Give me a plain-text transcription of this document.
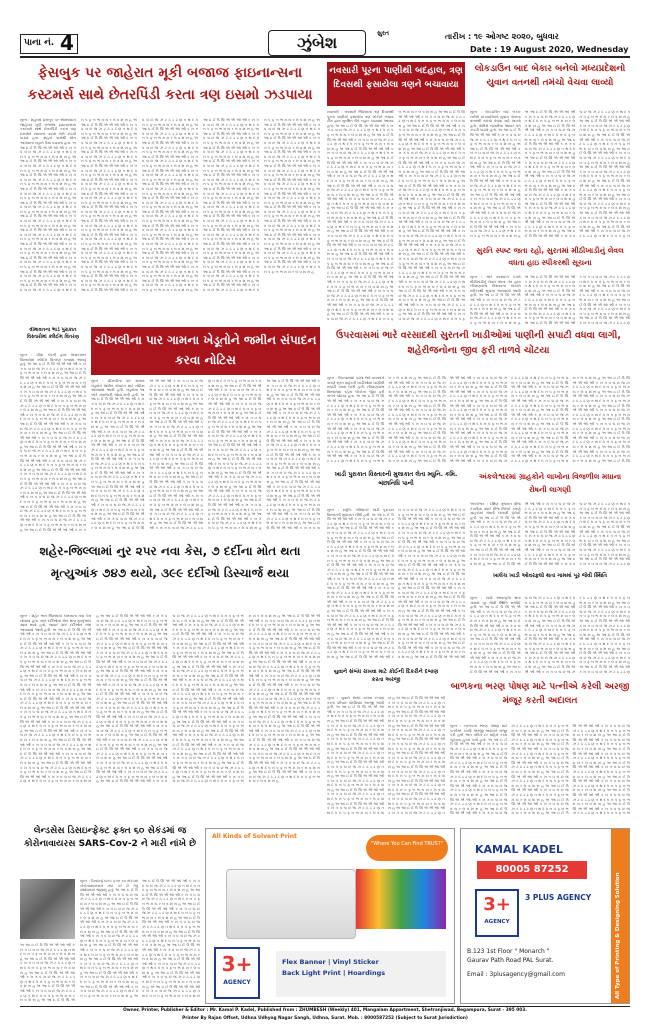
પાના નં. 4	ઝુંબેશ	સુરત	તારીખ : ૧૯ ઓગષ્ટ ૨૦૨૦, બુધવાર
Date : 19 August 2020, Wednesday
ફેસબુક પર જાહેરાત મૂકી બજાજ ફાઇનાન્સના કસ્ટમર્સ સાથે છેતરપિંડી કરતા ત્રણ ઇસમો ઝડપાયા
સુરત : શહેરમાં ફેસબુક પર ઓનલાઇન જાહેરાત મૂકી બજાજ ફાઇનાન્સના કસ્ટમર્સ સાથે છેતરપિંડી કરતા ત્રણ ઇસમોને સાયબર ક્રાઇમ સેલે ઝડપી પાડ્યા હતા. ગ્રાહકો પાસેથી લોન આપવાના બહાને પૈસા પડાવતા હતા. અ આ ઇ ઈ ઉ ઊ એ ઐ ઓ ઔ ક ખ ગ ઘ ચ છ જ ઝ ટ ઠ ડ ઢ ણ ત થ દ ધ ન પ ફ બ ભ મ ય ર લ વ શ સ હ અ આ ઇ ઈ ઉ ઊ એ ઐ ઓ ઔ ક ખ ગ ઘ ચ છ જ ઝ ટ ઠ ડ ઢ ણ ત થ દ ધ ન પ ફ બ ભ મ ય ર લ વ શ સ હ અ આ ઇ ઈ ઉ ઊ એ ઐ ઓ ઔ ક ખ ગ ઘ ચ છ જ ઝ ટ ઠ ડ ઢ ણ ત થ દ ધ ન પ ફ બ ભ મ ય ર લ વ શ સ હ અ આ ઇ ઈ ઉ ઊ એ ઐ ઓ ઔ ક ખ ગ ઘ ચ છ જ ઝ ટ ઠ ડ ઢ ણ ત થ દ ધ ન પ ફ બ ભ મ ય ર લ વ શ સ હ અ આ ઇ ઈ ઉ ઊ એ ઐ ઓ ઔ ક ખ ગ ઘ ચ છ જ ઝ ટ ઠ ડ ઢ ણ ત થ દ ધ ન પ ફ બ ભ મ ય ર લ વ શ સ હ અ આ ઇ ઈ ઉ ઊ એ ઐ ઓ ઔ ક ખ ગ ઘ ચ છ જ ઝ ટ ઠ ડ ઢ ણ ત થ દ ધ ન પ ફ બ ભ મ ય ર લ વ શ સ હ અ આ ઇ ઈ ઉ ઊ એ ઐ ઓ ઔ ક ખ ગ ઘ ચ છ જ ઝ ટ ઠ ડ ઢ ણ ત થ દ ધ ન પ ફ બ ભ મ ય ર લ વ શ સ હ અ આ ઇ ઈ ઉ ઊ એ ઐ ઓ ઔ ક ખ ગ ઘ ચ છ જ ઝ ટ ઠ ડ ઢ ણ ત થ દ ધ ન પ ફ બ ભ મ ય ર લ વ શ સ હ અ આ ઇ ઈ ઉ ઊ એ ઐ ઓ ઔ ક ખ ગ ઘ ચ છ જ ઝ ટ ઠ ડ ઢ ણ ત થ દ ધ ન પ ફ બ ભ મ ય ર લ વ શ સ હ અ આ ઇ ઈ ઉ ઊ એ ઐ ઓ ઔ ક ખ ગ ઘ ચ છ જ ઝ ટ ઠ ડ ઢ ણ ત થ દ ધ ન પ ફ બ ભ મ ય ર લ વ શ સ હ અ આ ઇ ઈ ઉ ઊ એ ઐ ઓ ઔ ક ખ ગ ઘ ચ છ જ ઝ ટ ઠ ડ ઢ ણ ત થ દ ધ ન પ ફ બ ભ મ ય ર લ વ શ સ હ અ આ ઇ ઈ ઉ ઊ એ ઐ ઓ ઔ ક ખ ગ ઘ ચ છ જ ઝ ટ ઠ ડ ઢ ણ ત થ દ ધ ન પ ફ બ ભ મ ય ર લ વ શ સ હ અ આ ઇ ઈ ઉ ઊ એ ઐ ઓ ઔ ક ખ ગ ઘ ચ છ જ ઝ ટ ઠ ડ ઢ ણ ત થ દ ધ ન પ ફ બ ભ મ ય ર લ વ શ સ હ અ આ ઇ ઈ ઉ ઊ એ ઐ ઓ ઔ ક ખ ગ ઘ ચ છ જ ઝ ટ ઠ ડ ઢ ણ ત થ દ ધ ન પ ફ બ ભ મ ય ર લ વ શ સ હ અ આ ઇ ઈ ઉ ઊ એ ઐ ઓ ઔ ક ખ ગ ઘ ચ છ જ ઝ ટ ઠ ડ ઢ ણ ત થ દ ધ ન પ ફ બ ભ મ ય ર લ વ શ સ હ અ આ ઇ ઈ ઉ ઊ એ ઐ ઓ ઔ ક ખ ગ ઘ ચ છ જ ઝ ટ ઠ ડ ઢ ણ ત થ દ ધ ન પ ફ બ ભ મ ય ર લ વ શ સ હ અ આ ઇ ઈ ઉ ઊ એ ઐ ઓ ઔ ક ખ ગ ઘ ચ છ જ ઝ ટ ઠ ડ ઢ ણ ત થ દ ધ ન પ ફ બ ભ મ ય ર લ વ શ સ હ અ આ ઇ ઈ ઉ ઊ એ ઐ ઓ ઔ ક ખ ગ ઘ ચ છ જ ઝ ટ ઠ ડ ઢ ણ ત થ દ ધ ન પ ફ બ ભ મ ય ર લ વ શ સ હ અ આ ઇ ઈ ઉ ઊ એ ઐ ઓ ઔ ક ખ ગ ઘ ચ છ જ ઝ ટ ઠ ડ ઢ ણ ત થ દ ધ ન પ ફ બ ભ મ ય ર લ વ શ સ હ અ આ ઇ ઈ ઉ ઊ એ ઐ ઓ ઔ ક ખ ગ ઘ ચ છ જ ઝ ટ ઠ ડ ઢ ણ ત થ દ ધ ન પ ફ બ ભ મ ય ર લ વ શ સ હ અ આ ઇ ઈ ઉ ઊ એ ઐ ઓ ઔ ક ખ ગ ઘ ચ છ જ ઝ ટ ઠ ડ ઢ ણ ત થ દ ધ ન પ ફ બ ભ મ ય ર લ વ શ સ હ અ આ ઇ ઈ ઉ ઊ એ ઐ ઓ ઔ ક ખ ગ ઘ ચ છ જ ઝ ટ ઠ ડ ઢ ણ ત થ દ ધ ન પ ફ બ ભ મ ય ર લ વ શ સ હ અ આ ઇ ઈ ઉ ઊ એ ઐ ઓ ઔ ક ખ ગ ઘ ચ છ જ ઝ ટ ઠ ડ ઢ ણ ત થ દ ધ ન પ ફ બ ભ મ ય ર લ વ શ સ હ અ આ ઇ ઈ ઉ ઊ એ ઐ ઓ ઔ ક ખ ગ ઘ ચ છ જ ઝ ટ ઠ ડ ઢ ણ ત થ દ ધ ન પ ફ બ ભ મ ય ર લ વ શ સ હ અ આ ઇ ઈ ઉ ઊ એ ઐ ઓ ઔ ક ખ ગ ઘ ચ છ જ ઝ ટ ઠ ડ ઢ ણ ત થ દ ધ ન પ ફ બ ભ મ ય ર લ વ શ સ હ અ આ ઇ ઈ ઉ ઊ એ ઐ ઓ ઔ ક ખ ગ ઘ ચ છ જ ઝ ટ ઠ ડ ઢ ણ ત થ દ ધ ન પ ફ બ ભ મ ય ર લ વ શ સ હ અ આ ઇ ઈ ઉ ઊ એ ઐ ઓ ઔ ક ખ ગ ઘ ચ છ જ ઝ ટ ઠ ડ ઢ ણ ત થ દ ધ ન પ ફ બ ભ મ ય ર લ વ શ સ હ અ આ ઇ ઈ ઉ ઊ એ ઐ ઓ ઔ ક ખ ગ ઘ ચ છ જ ઝ ટ ઠ ડ ઢ ણ ત થ દ ધ ન પ ફ બ ભ મ ય ર લ વ શ સ હ અ આ ઇ ઈ ઉ ઊ એ ઐ ઓ ઔ ક ખ ગ ઘ ચ છ જ ઝ ટ ઠ ડ ઢ ણ ત થ દ ધ ન પ ફ બ ભ મ ય ર લ વ શ સ હ અ આ ઇ ઈ ઉ ઊ એ ઐ ઓ ઔ ક ખ ગ ઘ ચ છ જ ઝ ટ ઠ ડ ઢ ણ ત થ દ ધ ન પ ફ બ ભ મ ય ર લ વ શ સ હ અ આ ઇ ઈ ઉ ઊ એ ઐ ઓ ઔ ક ખ ગ ઘ ચ છ જ ઝ ટ ઠ ડ ઢ ણ ત થ દ ધ ન પ ફ બ ભ મ ય ર લ વ શ સ હ અ આ ઇ ઈ ઉ ઊ એ ઐ ઓ ઔ ક ખ ગ ઘ ચ છ જ ઝ ટ ઠ ડ ઢ ણ ત થ દ ધ ન પ ફ બ ભ મ ય ર લ વ શ સ હ અ આ ઇ ઈ ઉ ઊ એ ઐ ઓ ઔ ક ખ ગ ઘ ચ છ જ ઝ ટ ઠ ડ ઢ ણ ત થ દ ધ ન પ ફ બ ભ મ ય ર લ વ શ સ હ અ આ ઇ ઈ ઉ ઊ એ ઐ ઓ ઔ ક ખ ગ ઘ ચ છ જ ઝ ટ ઠ ડ ઢ ણ ત થ દ ધ ન પ ફ બ ભ મ ય ર લ વ શ સ હ અ આ ઇ ઈ ઉ ઊ એ ઐ ઓ ઔ ક ખ ગ ઘ ચ છ જ ઝ ટ ઠ ડ ઢ ણ ત થ દ ધ ન પ ફ બ ભ મ ય ર લ વ શ સ હ અ આ ઇ ઈ ઉ ઊ એ ઐ ઓ ઔ ક ખ ગ ઘ ચ છ જ ઝ ટ ઠ ડ ઢ ણ ત થ દ ધ ન પ ફ બ ભ મ ય ર લ વ શ સ હ અ આ ઇ ઈ ઉ ઊ એ ઐ ઓ ઔ ક ખ ગ ઘ ચ છ જ ઝ ટ ઠ ડ ઢ ણ ત થ દ ધ ન પ ફ બ ભ મ ય ર લ વ શ સ હ અ આ ઇ ઈ ઉ ઊ એ ઐ ઓ ઔ ક ખ ગ ઘ ચ છ જ ઝ ટ ઠ ડ ઢ ણ ત થ દ ધ ન પ ફ બ ભ મ ય ર લ વ શ સ હ અ આ ઇ ઈ ઉ ઊ એ ઐ ઓ ઔ ક ખ ગ ઘ ચ છ જ ઝ ટ ઠ ડ ઢ ણ ત થ દ ધ ન પ ફ બ ભ મ ય ર લ વ શ સ હ અ આ ઇ ઈ ઉ ઊ એ ઐ ઓ ઔ ક ખ ગ ઘ ચ છ જ ઝ ટ ઠ ડ ઢ ણ ત થ દ ધ ન પ ફ બ ભ મ ય ર લ વ શ સ હ અ આ ઇ ઈ ઉ ઊ એ ઐ ઓ ઔ ક ખ ગ ઘ ચ છ જ ઝ ટ ઠ ડ ઢ ણ ત થ દ ધ ન પ ફ બ ભ મ ય ર લ વ શ સ હ અ આ ઇ ઈ ઉ ઊ એ ઐ ઓ ઔ ક ખ ગ ઘ ચ છ જ ઝ ટ ઠ ડ ઢ ણ ત થ દ ધ ન પ ફ બ ભ મ ય ર લ વ શ સ હ અ આ ઇ ઈ ઉ ઊ એ ઐ ઓ ઔ ક ખ ગ ઘ ચ છ જ ઝ ટ ઠ ડ ઢ ણ ત થ દ ધ ન પ ફ બ ભ મ ય ર લ વ શ સ હ અ આ ઇ ઈ ઉ ઊ એ ઐ ઓ ઔ ક ખ ગ ઘ ચ છ જ ઝ ટ ઠ ડ ઢ ણ ત થ દ ધ ન પ ફ બ ભ મ ય ર લ વ શ સ હ અ આ ઇ ઈ ઉ ઊ એ ઐ ઓ ઔ ક ખ ગ ઘ ચ છ જ ઝ ટ ઠ ડ ઢ ણ ત થ દ ધ ન પ ફ બ ભ મ ય ર લ વ શ સ હ અ આ ઇ ઈ ઉ ઊ એ ઐ ઓ ઔ ક ખ ગ ઘ ચ છ જ ઝ ટ ઠ ડ ઢ ણ ત થ દ ધ ન પ ફ બ ભ મ ય ર લ વ શ સ હ અ આ ઇ ઈ ઉ ઊ એ ઐ ઓ ઔ ક ખ ગ ઘ ચ છ જ ઝ ટ ઠ ડ ઢ ણ ત થ દ ધ ન પ ફ બ ભ મ ય ર લ વ શ સ હ અ આ ઇ ઈ ઉ ઊ એ ઐ ઓ ઔ ક ખ ગ ઘ ચ છ જ ઝ ટ ઠ ડ ઢ ણ ત થ દ ધ ન પ ફ બ ભ મ ય ર લ વ શ સ હ અ આ ઇ ઈ ઉ ઊ એ ઐ ઓ ઔ ક ખ ગ ઘ ચ છ જ ઝ ટ ઠ ડ ઢ ણ ત થ દ ધ ન પ ફ બ ભ મ ય ર લ વ શ સ હ અ આ ઇ ઈ ઉ ઊ એ ઐ ઓ ઔ ક ખ ગ ઘ ચ છ જ ઝ ટ ઠ ડ ઢ ણ ત થ દ ધ ન પ ફ બ ભ મ ય ર લ વ શ સ હ અ આ ઇ ઈ ઉ ઊ એ ઐ ઓ ઔ ક ખ ગ ઘ ચ છ જ ઝ ટ ઠ ડ ઢ ણ ત થ દ ધ ન પ ફ બ ભ મ ય ર લ વ શ સ હ અ આ ઇ ઈ ઉ ઊ એ ઐ ઓ ઔ ક ખ ગ ઘ ચ છ જ ઝ ટ ઠ ડ ઢ ણ ત થ દ ધ ન પ ફ બ ભ મ ય ર લ વ શ સ હ અ આ ઇ ઈ ઉ ઊ એ ઐ ઓ ઔ ક ખ ગ ઘ ચ છ જ ઝ ટ ઠ ડ ઢ ણ ત થ દ ધ ન પ ફ બ ભ મ ય ર લ વ શ સ હ અ આ ઇ ઈ ઉ ઊ એ ઐ ઓ ઔ ક ખ ગ ઘ ચ છ જ ઝ ટ ઠ ડ ઢ ણ ત થ દ ધ ન પ ફ બ ભ મ ય ર લ વ શ સ હ અ આ ઇ ઈ ઉ ઊ એ ઐ ઓ ઔ ક ખ ગ ઘ ચ છ જ ઝ ટ ઠ ડ ઢ ણ ત થ દ ધ ન પ ફ બ ભ મ ય ર લ વ શ સ હ અ આ ઇ ઈ ઉ ઊ એ ઐ ઓ ઔ ક ખ ગ ઘ ચ છ જ ઝ ટ ઠ ડ ઢ ણ ત થ દ ધ ન પ ફ બ ભ મ ય ર લ વ શ સ હ અ આ ઇ ઈ ઉ ઊ એ ઐ ઓ ઔ ક ખ ગ ઘ ચ છ જ ઝ ટ ઠ ડ ઢ ણ ત થ દ ધ ન પ ફ બ ભ મ ય ર લ વ શ સ હ અ આ ઇ ઈ ઉ ઊ એ ઐ ઓ ઔ ક ખ ગ ઘ ચ છ જ ઝ ટ ઠ ડ ઢ ણ ત થ દ ધ ન પ ફ બ ભ મ ય ર લ વ શ સ હ અ આ ઇ ઈ ઉ ઊ એ ઐ ઓ ઔ ક ખ ગ ઘ ચ છ જ ઝ ટ ઠ ડ ઢ ણ ત થ દ ધ ન પ ફ બ ભ મ ય ર લ વ શ સ હ અ આ ઇ ઈ ઉ ઊ એ ઐ ઓ ઔ ક ખ ગ ઘ ચ છ જ ઝ ટ ઠ ડ ઢ ણ ત થ દ ધ ન પ ફ બ ભ મ ય ર લ વ શ સ હ
નવસારી પૂરના પાણીથી બદહાલ, ત્રણ દિવસથી ફસાયેલા ત્રણને બચાવાયા
નવસારી : નવસારી જિલ્લામાં ત્રણ દિવસથી પૂરના પાણીમાં ફસાયેલા ત્રણ લોકોને બચાવ ટીમ દ્વારા સુરક્ષિત રીતે બહાર કાઢવામાં આવ્યા હતા. અ આ ઇ ઈ ઉ ઊ એ ઐ ઓ ઔ ક ખ ગ ઘ ચ છ જ ઝ ટ ઠ ડ ઢ ણ ત થ દ ધ ન પ ફ બ ભ મ ય ર લ વ શ સ હ અ આ ઇ ઈ ઉ ઊ એ ઐ ઓ ઔ ક ખ ગ ઘ ચ છ જ ઝ ટ ઠ ડ ઢ ણ ત થ દ ધ ન પ ફ બ ભ મ ય ર લ વ શ સ હ અ આ ઇ ઈ ઉ ઊ એ ઐ ઓ ઔ ક ખ ગ ઘ ચ છ જ ઝ ટ ઠ ડ ઢ ણ ત થ દ ધ ન પ ફ બ ભ મ ય ર લ વ શ સ હ અ આ ઇ ઈ ઉ ઊ એ ઐ ઓ ઔ ક ખ ગ ઘ ચ છ જ ઝ ટ ઠ ડ ઢ ણ ત થ દ ધ ન પ ફ બ ભ મ ય ર લ વ શ સ હ અ આ ઇ ઈ ઉ ઊ એ ઐ ઓ ઔ ક ખ ગ ઘ ચ છ જ ઝ ટ ઠ ડ ઢ ણ ત થ દ ધ ન પ ફ બ ભ મ ય ર લ વ શ સ હ અ આ ઇ ઈ ઉ ઊ એ ઐ ઓ ઔ ક ખ ગ ઘ ચ છ જ ઝ ટ ઠ ડ ઢ ણ ત થ દ ધ ન પ ફ બ ભ મ ય ર લ વ શ સ હ અ આ ઇ ઈ ઉ ઊ એ ઐ ઓ ઔ ક ખ ગ ઘ ચ છ જ ઝ ટ ઠ ડ ઢ ણ ત થ દ ધ ન પ ફ બ ભ મ ય ર લ વ શ સ હ અ આ ઇ ઈ ઉ ઊ એ ઐ ઓ ઔ ક ખ ગ ઘ ચ છ જ ઝ ટ ઠ ડ ઢ ણ ત થ દ ધ ન પ ફ બ ભ મ ય ર લ વ શ સ હ અ આ ઇ ઈ ઉ ઊ એ ઐ ઓ ઔ ક ખ ગ ઘ ચ છ જ ઝ ટ ઠ ડ ઢ ણ ત થ દ ધ ન પ ફ બ ભ મ ય ર લ વ શ સ હ અ આ ઇ ઈ ઉ ઊ એ ઐ ઓ ઔ ક ખ ગ ઘ ચ છ જ ઝ ટ ઠ ડ ઢ ણ ત થ દ ધ ન પ ફ બ ભ મ ય ર લ વ શ સ હ અ આ ઇ ઈ ઉ ઊ એ ઐ ઓ ઔ ક ખ ગ ઘ ચ છ જ ઝ ટ ઠ ડ ઢ ણ ત થ દ ધ ન પ ફ બ ભ મ ય ર લ વ શ સ હ અ આ ઇ ઈ ઉ ઊ એ ઐ ઓ ઔ ક ખ ગ ઘ ચ છ જ ઝ ટ ઠ ડ ઢ ણ ત થ દ ધ ન પ ફ બ ભ મ ય ર લ વ શ સ હ અ આ ઇ ઈ ઉ ઊ એ ઐ ઓ ઔ ક ખ ગ ઘ ચ છ જ ઝ ટ ઠ ડ ઢ ણ ત થ દ ધ ન પ ફ બ ભ મ ય ર લ વ શ સ હ અ આ ઇ ઈ ઉ ઊ એ ઐ ઓ ઔ ક ખ ગ ઘ ચ છ જ ઝ ટ ઠ ડ ઢ ણ ત થ દ ધ ન પ ફ બ ભ મ ય ર લ વ શ સ હ અ આ ઇ ઈ ઉ ઊ એ ઐ ઓ ઔ ક ખ ગ ઘ ચ છ જ ઝ ટ ઠ ડ ઢ ણ ત થ દ ધ ન પ ફ બ ભ મ ય ર લ વ શ સ હ અ આ ઇ ઈ ઉ ઊ એ ઐ ઓ ઔ ક ખ ગ ઘ ચ છ જ ઝ ટ ઠ ડ ઢ ણ ત થ દ ધ ન પ ફ બ ભ મ ય ર લ વ શ સ હ અ આ ઇ ઈ ઉ ઊ એ ઐ ઓ ઔ ક ખ ગ ઘ ચ છ જ ઝ ટ ઠ ડ ઢ ણ ત થ દ ધ ન પ ફ બ ભ મ ય ર લ વ શ સ હ અ આ ઇ ઈ ઉ ઊ એ ઐ ઓ ઔ ક ખ ગ ઘ ચ છ જ ઝ ટ ઠ ડ ઢ ણ ત થ દ ધ ન પ ફ બ ભ મ ય ર લ વ શ સ હ અ આ ઇ ઈ ઉ ઊ એ ઐ ઓ ઔ ક ખ ગ ઘ ચ છ જ ઝ ટ ઠ ડ ઢ ણ ત થ દ ધ ન પ ફ બ ભ મ ય ર લ વ શ સ હ અ આ ઇ ઈ ઉ ઊ એ ઐ ઓ ઔ ક ખ ગ ઘ ચ છ જ ઝ ટ ઠ ડ ઢ ણ ત થ દ ધ ન પ ફ બ ભ મ ય ર લ વ શ સ હ અ આ ઇ ઈ ઉ ઊ એ ઐ ઓ ઔ ક ખ ગ ઘ ચ છ જ ઝ ટ ઠ ડ ઢ ણ ત થ દ ધ ન પ ફ બ ભ મ ય ર લ વ શ સ હ અ આ ઇ ઈ ઉ ઊ એ ઐ ઓ ઔ ક ખ ગ ઘ ચ છ જ ઝ ટ ઠ ડ ઢ ણ ત થ દ ધ ન પ ફ બ ભ મ ય ર લ વ શ સ હ અ આ ઇ ઈ ઉ ઊ એ ઐ ઓ ઔ ક ખ ગ ઘ ચ છ જ ઝ ટ ઠ ડ ઢ ણ ત થ દ ધ ન પ ફ બ ભ મ ય ર લ વ શ સ હ અ આ ઇ ઈ ઉ ઊ એ ઐ ઓ ઔ ક ખ ગ ઘ ચ છ જ ઝ ટ ઠ ડ ઢ ણ ત થ દ ધ ન પ ફ બ ભ મ ય ર લ વ શ સ હ અ આ ઇ ઈ ઉ ઊ એ ઐ ઓ ઔ ક ખ ગ ઘ ચ છ જ ઝ ટ ઠ ડ ઢ ણ ત થ દ ધ ન પ ફ બ ભ મ ય ર લ વ શ સ હ અ આ ઇ ઈ ઉ ઊ એ ઐ ઓ ઔ ક ખ ગ ઘ ચ છ જ ઝ ટ ઠ ડ ઢ ણ ત થ દ ધ ન પ ફ બ ભ મ ય ર લ વ શ સ હ અ આ ઇ ઈ ઉ ઊ એ ઐ ઓ ઔ ક ખ ગ ઘ ચ છ જ ઝ ટ ઠ ડ ઢ ણ ત થ દ ધ ન પ ફ બ ભ મ ય ર લ વ શ સ હ અ આ ઇ ઈ ઉ ઊ એ ઐ ઓ ઔ ક ખ ગ ઘ ચ છ જ ઝ ટ ઠ ડ ઢ ણ ત થ દ ધ ન પ ફ બ ભ મ ય ર લ વ શ સ હ અ આ ઇ ઈ ઉ ઊ એ ઐ ઓ ઔ ક ખ ગ ઘ ચ છ જ ઝ ટ ઠ ડ ઢ ણ ત થ દ ધ ન પ ફ બ ભ મ ય ર લ વ શ સ હ અ આ ઇ ઈ ઉ ઊ એ ઐ ઓ ઔ ક ખ ગ ઘ ચ છ જ ઝ ટ ઠ ડ ઢ ણ ત થ દ ધ ન પ ફ બ ભ મ ય ર લ વ શ સ હ અ આ ઇ ઈ ઉ ઊ એ ઐ ઓ ઔ ક ખ ગ ઘ ચ છ જ ઝ ટ ઠ ડ ઢ ણ ત થ દ ધ ન પ ફ બ ભ મ ય ર લ વ શ સ હ અ આ ઇ ઈ ઉ ઊ એ ઐ ઓ ઔ ક ખ ગ ઘ ચ છ જ ઝ ટ ઠ ડ ઢ ણ ત થ દ ધ ન પ ફ બ ભ મ ય ર લ વ શ સ હ અ આ ઇ ઈ ઉ ઊ એ ઐ ઓ ઔ ક ખ ગ ઘ ચ છ જ ઝ ટ ઠ ડ ઢ ણ ત થ દ ધ ન પ ફ બ ભ મ ય ર લ વ શ સ હ અ આ ઇ ઈ ઉ ઊ એ ઐ ઓ ઔ ક ખ ગ ઘ ચ છ જ ઝ ટ ઠ ડ ઢ ણ ત થ દ ધ ન પ ફ બ ભ મ ય ર લ વ શ સ હ અ આ ઇ ઈ ઉ ઊ એ ઐ ઓ ઔ ક ખ ગ ઘ ચ છ જ ઝ ટ ઠ ડ ઢ ણ ત થ દ ધ ન પ ફ
લોકડાઉન બાદ બેકાર બનેલો મધ્યપ્રદેશનો યુવાન વતનથી તમંચો વેચવા લાવ્યો
સુરત : લોકડાઉન બાદ બેકાર બનેલો મધ્યપ્રદેશનો યુવાન પોતાના વતનથી તમંચો વેચવા માટે લાવ્યો હતો. પોલીસે બાતમીના આધારે તેને ઝડપી પાડ્યો હતો. અ આ ઇ ઈ ઉ ઊ એ ઐ ઓ ઔ ક ખ ગ ઘ ચ છ જ ઝ ટ ઠ ડ ઢ ણ ત થ દ ધ ન પ ફ બ ભ મ ય ર લ વ શ સ હ અ આ ઇ ઈ ઉ ઊ એ ઐ ઓ ઔ ક ખ ગ ઘ ચ છ જ ઝ ટ ઠ ડ ઢ ણ ત થ દ ધ ન પ ફ બ ભ મ ય ર લ વ શ સ હ અ આ ઇ ઈ ઉ ઊ એ ઐ ઓ ઔ ક ખ ગ ઘ ચ છ જ ઝ ટ ઠ ડ ઢ ણ ત થ દ ધ ન પ ફ બ ભ મ ય ર લ વ શ સ હ અ આ ઇ ઈ ઉ ઊ એ ઐ ઓ ઔ ક ખ ગ ઘ ચ છ જ ઝ ટ ઠ ડ ઢ ણ ત થ દ ધ ન પ ફ બ ભ મ ય ર લ વ શ સ હ અ આ ઇ ઈ ઉ ઊ એ ઐ ઓ ઔ ક ખ ગ ઘ ચ છ જ ઝ ટ ઠ ડ ઢ ણ ત થ દ ધ ન પ ફ બ ભ મ ય ર લ વ શ સ હ અ આ ઇ ઈ ઉ ઊ એ ઐ ઓ ઔ ક ખ ગ ઘ ચ છ જ ઝ ટ ઠ ડ ઢ ણ ત થ દ ધ ન પ ફ બ ભ મ ય ર લ વ શ સ હ અ આ ઇ ઈ ઉ ઊ એ ઐ ઓ ઔ ક ખ ગ ઘ ચ છ જ ઝ ટ ઠ ડ ઢ ણ ત થ દ ધ ન પ ફ બ ભ મ ય ર લ વ શ સ હ અ આ ઇ ઈ ઉ ઊ એ ઐ ઓ ઔ ક ખ ગ ઘ ચ છ જ ઝ ટ ઠ ડ ઢ ણ ત થ દ ધ ન પ ફ બ ભ મ ય ર લ વ શ સ હ અ આ ઇ ઈ ઉ ઊ એ ઐ ઓ ઔ ક ખ ગ ઘ ચ છ જ ઝ ટ ઠ ડ ઢ ણ ત થ દ ધ ન પ ફ બ ભ મ ય ર લ વ શ સ હ અ આ ઇ ઈ ઉ ઊ એ ઐ ઓ ઔ ક ખ ગ ઘ ચ છ જ ઝ ટ ઠ ડ ઢ ણ ત થ દ ધ ન પ ફ બ ભ મ ય ર લ વ શ સ હ અ આ ઇ ઈ ઉ ઊ એ ઐ ઓ ઔ ક ખ ગ ઘ ચ છ જ ઝ ટ ઠ ડ ઢ ણ ત થ દ ધ ન પ ફ બ ભ મ ય ર લ વ શ સ હ અ આ ઇ ઈ ઉ ઊ એ ઐ ઓ ઔ ક ખ ગ ઘ ચ છ જ ઝ ટ ઠ ડ ઢ ણ ત થ દ ધ ન પ ફ બ ભ મ ય ર લ વ શ સ હ અ આ ઇ ઈ ઉ ઊ એ ઐ ઓ ઔ ક ખ ગ ઘ ચ છ જ ઝ ટ ઠ ડ ઢ ણ ત થ દ ધ ન પ ફ બ ભ મ ય ર લ વ શ સ હ અ આ ઇ ઈ ઉ ઊ એ ઐ ઓ ઔ ક ખ ગ ઘ ચ છ જ ઝ ટ ઠ ડ ઢ ણ ત થ દ ધ ન પ ફ બ ભ મ ય ર લ વ શ સ હ અ આ ઇ ઈ ઉ ઊ એ ઐ ઓ ઔ ક ખ ગ ઘ ચ છ જ ઝ ટ ઠ ડ ઢ ણ ત થ દ ધ ન પ ફ બ ભ મ ય ર લ વ શ સ હ અ આ ઇ ઈ ઉ ઊ એ ઐ ઓ ઔ ક ખ ગ ઘ ચ છ જ ઝ ટ ઠ ડ ઢ ણ ત થ દ ધ ન પ ફ બ ભ મ ય ર લ વ શ સ હ અ આ ઇ ઈ ઉ ઊ એ ઐ ઓ ઔ ક ખ ગ ઘ ચ છ જ ઝ ટ ઠ ડ ઢ ણ ત થ દ ધ ન પ ફ બ ભ મ ય ર લ વ શ સ હ અ આ ઇ ઈ ઉ ઊ એ ઐ ઓ ઔ ક ખ ગ ઘ ચ છ જ ઝ ટ ઠ ડ ઢ ણ ત થ દ ધ ન પ ફ બ ભ મ ય ર લ વ શ સ હ અ આ ઇ ઈ ઉ ઊ એ ઐ ઓ ઔ ક ખ ગ ઘ ચ છ જ ઝ ટ ઠ ડ ઢ ણ ત થ દ ધ ન પ ફ બ ભ મ ય ર લ વ શ સ હ અ આ ઇ ઈ ઉ ઊ એ ઐ ઓ ઔ ક ખ ગ ઘ ચ છ જ ઝ ટ ઠ ડ ઢ ણ ત થ દ ધ ન પ ફ બ ભ મ ય ર લ વ શ સ હ અ આ ઇ ઈ ઉ ઊ એ ઐ ઓ ઔ ક ખ ગ ઘ ચ છ જ ઝ ટ ઠ ડ ઢ ણ ત થ દ ધ ન પ ફ બ ભ મ ય ર લ વ શ સ હ અ આ ઇ ઈ ઉ ઊ એ ઐ ઓ ઔ ક ખ ગ ઘ ચ છ જ ઝ ટ ઠ ડ ઢ ણ ત થ દ ધ ન પ ફ બ ભ મ ય ર લ વ શ સ હ અ આ ઇ ઈ ઉ ઊ એ ઐ ઓ ઔ ક ખ ગ ઘ ચ છ જ ઝ ટ ઠ ડ ઢ ણ ત થ દ ધ ન પ ફ બ ભ મ ય ર લ વ શ સ હ અ આ ઇ ઈ ઉ ઊ એ ઐ ઓ ઔ ક ખ ગ ઘ ચ છ જ ઝ ટ ઠ ડ ઢ ણ ત થ દ ધ ન પ ફ બ
સુરતિ સ્પષ્ટ જતા રહો, સુરતમાં મીઠીખાડીનું લેવલ વધતા હાઇ સ્પીકરથી સૂચના
સુરત : ભારે વરસાદને પગલે મીઠીખાડીનું લેવલ વધતા તંત્ર દ્વારા નીચાણવાળા વિસ્તારના લોકોને સ્પીકરથી સૂચના આપવામાં આવી હતી. અ આ ઇ ઈ ઉ ઊ એ ઐ ઓ ઔ ક ખ ગ ઘ ચ છ જ ઝ ટ ઠ ડ ઢ ણ ત થ દ ધ ન પ ફ બ ભ મ ય ર લ વ શ સ હ અ આ ઇ ઈ ઉ ઊ એ ઐ ઓ ઔ ક ખ ગ ઘ ચ છ જ ઝ ટ ઠ ડ ઢ ણ ત થ દ ધ ન પ ફ બ ભ મ ય ર લ વ શ સ હ અ આ ઇ ઈ ઉ ઊ એ ઐ ઓ ઔ ક ખ ગ ઘ ચ છ જ ઝ ટ ઠ ડ ઢ ણ ત થ દ ધ ન પ ફ બ ભ મ ય ર લ વ શ સ હ અ આ ઇ ઈ ઉ ઊ એ ઐ ઓ ઔ ક ખ ગ ઘ ચ છ જ ઝ ટ ઠ ડ ઢ ણ ત થ દ ધ ન પ ફ બ ભ મ ય ર લ વ શ સ હ અ આ ઇ ઈ ઉ ઊ એ ઐ ઓ ઔ ક ખ ગ ઘ ચ છ જ ઝ ટ ઠ ડ ઢ ણ ત થ દ ધ ન પ ફ બ ભ મ ય ર લ વ શ સ હ અ આ ઇ ઈ ઉ ઊ એ ઐ ઓ ઔ ક ખ ગ ઘ ચ છ જ ઝ ટ ઠ ડ ઢ ણ ત થ દ ધ ન પ ફ બ ભ મ ય ર લ વ શ સ હ અ આ ઇ ઈ ઉ ઊ એ ઐ ઓ ઔ ક ખ ગ ઘ ચ છ જ ઝ ટ ઠ ડ ઢ ણ ત થ દ ધ ન પ ફ બ ભ મ ય ર લ વ શ સ હ અ આ ઇ ઈ ઉ ઊ એ ઐ ઓ ઔ ક ખ ગ ઘ ચ છ જ ઝ ટ ઠ ડ ઢ ણ ત થ દ ધ ન પ ફ બ ભ મ ય ર લ વ શ સ હ અ આ ઇ ઈ ઉ ઊ એ ઐ ઓ ઔ ક ખ ગ ઘ ચ છ જ ઝ ટ ઠ ડ ઢ ણ
વીમાવતના ભાડે પુરાકાત વિસ્તારોમાં ક્લેઈમ વિતરણ
સુરત : વીમા કંપની દ્વારા અસરગ્રસ્ત વિસ્તારોમાં ક્લેઈમ વિતરણ કરવામાં આવ્યું હતું. અ આ ઇ ઈ ઉ ઊ એ ઐ ઓ ઔ ક ખ ગ ઘ ચ છ જ ઝ ટ ઠ ડ ઢ ણ ત થ દ ધ ન પ ફ બ ભ મ ય ર લ વ શ સ હ અ આ ઇ ઈ ઉ ઊ એ ઐ ઓ ઔ ક ખ ગ ઘ ચ છ જ ઝ ટ ઠ ડ ઢ ણ ત થ દ ધ ન પ ફ બ ભ મ ય ર લ વ શ સ હ અ આ ઇ ઈ ઉ ઊ એ ઐ ઓ ઔ ક ખ ગ ઘ ચ છ જ ઝ ટ ઠ ડ ઢ ણ ત થ દ ધ ન પ ફ બ ભ મ ય ર લ વ શ સ હ અ આ ઇ ઈ ઉ ઊ એ ઐ ઓ ઔ ક ખ ગ ઘ ચ છ જ ઝ ટ ઠ ડ ઢ ણ ત થ દ ધ ન પ ફ બ ભ મ ય ર લ વ શ સ હ અ આ ઇ ઈ ઉ ઊ એ ઐ ઓ ઔ ક ખ ગ ઘ ચ છ જ ઝ ટ ઠ ડ ઢ ણ ત થ દ ધ ન પ ફ બ ભ મ ય ર લ વ શ સ હ અ આ ઇ ઈ ઉ ઊ એ ઐ ઓ ઔ ક ખ ગ ઘ ચ છ જ ઝ ટ ઠ ડ ઢ ણ ત થ દ ધ ન પ ફ બ ભ મ ય ર લ વ શ સ હ અ આ ઇ ઈ ઉ ઊ એ ઐ ઓ ઔ ક ખ ગ ઘ ચ છ જ ઝ ટ ઠ ડ ઢ ણ ત થ દ ધ ન પ ફ બ ભ મ ય ર લ વ શ સ હ અ આ ઇ ઈ ઉ ઊ એ ઐ ઓ ઔ ક ખ ગ ઘ ચ છ જ ઝ ટ ઠ ડ ઢ ણ ત થ દ ધ ન પ ફ બ ભ મ ય ર લ વ શ સ હ અ આ ઇ ઈ ઉ ઊ એ ઐ ઓ ઔ ક ખ ગ ઘ ચ છ જ ઝ ટ ઠ ડ ઢ ણ ત થ દ ધ ન પ ફ બ ભ મ ય ર લ વ શ સ હ અ આ ઇ ઈ ઉ ઊ એ ઐ ઓ ઔ ક ખ ગ ઘ ચ છ જ ઝ ટ ઠ ડ ઢ ણ ત થ દ ધ ન પ ફ બ ભ મ ય ર લ વ શ સ હ અ આ ઇ ઈ ઉ ઊ એ ઐ ઓ ઔ ક ખ ગ ઘ ચ છ જ ઝ ટ ઠ ડ ઢ ણ ત થ દ ધ ન પ ફ બ ભ મ ય ર લ વ શ સ હ અ આ ઇ ઈ ઉ ઊ એ ઐ ઓ ઔ ક ખ ગ ઘ ચ છ જ ઝ ટ ઠ ડ ઢ ણ ત થ દ ધ ન પ ફ બ ભ મ ય ર લ વ શ સ હ અ આ ઇ ઈ ઉ ઊ એ ઐ ઓ ઔ ક ખ ગ ઘ ચ છ જ ઝ ટ ઠ ડ ઢ ણ ત થ દ ધ ન પ ફ બ ભ મ ય ર લ વ શ સ હ અ આ ઇ ઈ ઉ ઊ એ ઐ ઓ ઔ ક ખ ગ ઘ ચ છ જ ઝ ટ ઠ ડ ઢ ણ ત થ દ ધ ન પ ફ બ ભ મ ય ર લ વ શ સ હ અ આ ઇ ઈ ઉ ઊ એ ઐ ઓ ઔ ક ખ ગ
ચીખલીના પાર ગામના ખેડૂતોને જમીન સંપાદન કરવા નોટિસ
સુરત : ચીખલીના પાર ગામના ખેડૂતોને જમીન સંપાદન માટે નોટિસ આપવામાં આવી હતી. ખેડૂતોમાં આ અંગે નારાજગી જોવા મળી હતી. અ આ ઇ ઈ ઉ ઊ એ ઐ ઓ ઔ ક ખ ગ ઘ ચ છ જ ઝ ટ ઠ ડ ઢ ણ ત થ દ ધ ન પ ફ બ ભ મ ય ર લ વ શ સ હ અ આ ઇ ઈ ઉ ઊ એ ઐ ઓ ઔ ક ખ ગ ઘ ચ છ જ ઝ ટ ઠ ડ ઢ ણ ત થ દ ધ ન પ ફ બ ભ મ ય ર લ વ શ સ હ અ આ ઇ ઈ ઉ ઊ એ ઐ ઓ ઔ ક ખ ગ ઘ ચ છ જ ઝ ટ ઠ ડ ઢ ણ ત થ દ ધ ન પ ફ બ ભ મ ય ર લ વ શ સ હ અ આ ઇ ઈ ઉ ઊ એ ઐ ઓ ઔ ક ખ ગ ઘ ચ છ જ ઝ ટ ઠ ડ ઢ ણ ત થ દ ધ ન પ ફ બ ભ મ ય ર લ વ શ સ હ અ આ ઇ ઈ ઉ ઊ એ ઐ ઓ ઔ ક ખ ગ ઘ ચ છ જ ઝ ટ ઠ ડ ઢ ણ ત થ દ ધ ન પ ફ બ ભ મ ય ર લ વ શ સ હ અ આ ઇ ઈ ઉ ઊ એ ઐ ઓ ઔ ક ખ ગ ઘ ચ છ જ ઝ ટ ઠ ડ ઢ ણ ત થ દ ધ ન પ ફ બ ભ મ ય ર લ વ શ સ હ અ આ ઇ ઈ ઉ ઊ એ ઐ ઓ ઔ ક ખ ગ ઘ ચ છ જ ઝ ટ ઠ ડ ઢ ણ ત થ દ ધ ન પ ફ બ ભ મ ય ર લ વ શ સ હ અ આ ઇ ઈ ઉ ઊ એ ઐ ઓ ઔ ક ખ ગ ઘ ચ છ જ ઝ ટ ઠ ડ ઢ ણ ત થ દ ધ ન પ ફ બ ભ મ ય ર લ વ શ સ હ અ આ ઇ ઈ ઉ ઊ એ ઐ ઓ ઔ ક ખ ગ ઘ ચ છ જ ઝ ટ ઠ ડ ઢ ણ ત થ દ ધ ન પ ફ બ ભ મ ય ર લ વ શ સ હ અ આ ઇ ઈ ઉ ઊ એ ઐ ઓ ઔ ક ખ ગ ઘ ચ છ જ ઝ ટ ઠ ડ ઢ ણ ત થ દ ધ ન પ ફ બ ભ મ ય ર લ વ શ સ હ અ આ ઇ ઈ ઉ ઊ એ ઐ ઓ ઔ ક ખ ગ ઘ ચ છ જ ઝ ટ ઠ ડ ઢ ણ ત થ દ ધ ન પ ફ બ ભ મ ય ર લ વ શ સ હ અ આ ઇ ઈ ઉ ઊ એ ઐ ઓ ઔ ક ખ ગ ઘ ચ છ જ ઝ ટ ઠ ડ ઢ ણ ત થ દ ધ ન પ ફ બ ભ મ ય ર લ વ શ સ હ અ આ ઇ ઈ ઉ ઊ એ ઐ ઓ ઔ ક ખ ગ ઘ ચ છ જ ઝ ટ ઠ ડ ઢ ણ ત થ દ ધ ન પ ફ બ ભ મ ય ર લ વ શ સ હ અ આ ઇ ઈ ઉ ઊ એ ઐ ઓ ઔ ક ખ ગ ઘ ચ છ જ ઝ ટ ઠ ડ ઢ ણ ત થ દ ધ ન પ ફ બ ભ મ ય ર લ વ શ સ હ અ આ ઇ ઈ ઉ ઊ એ ઐ ઓ ઔ ક ખ ગ ઘ ચ છ જ ઝ ટ ઠ ડ ઢ ણ ત થ દ ધ ન પ ફ બ ભ મ ય ર લ વ શ સ હ અ આ ઇ ઈ ઉ ઊ એ ઐ ઓ ઔ ક ખ ગ ઘ ચ છ જ ઝ ટ ઠ ડ ઢ ણ ત થ દ ધ ન પ ફ બ ભ મ ય ર લ વ શ સ હ અ આ ઇ ઈ ઉ ઊ એ ઐ ઓ ઔ ક ખ ગ ઘ ચ છ જ ઝ ટ ઠ ડ ઢ ણ ત થ દ ધ ન પ ફ બ ભ મ ય ર લ વ શ સ હ અ આ ઇ ઈ ઉ ઊ એ ઐ ઓ ઔ ક ખ ગ ઘ ચ છ જ ઝ ટ ઠ ડ ઢ ણ ત થ દ ધ ન પ ફ બ ભ મ ય ર લ વ શ સ હ અ આ ઇ ઈ ઉ ઊ એ ઐ ઓ ઔ ક ખ ગ ઘ ચ છ જ ઝ ટ ઠ ડ ઢ ણ ત થ દ ધ ન પ ફ બ ભ મ ય ર લ વ શ સ હ અ આ ઇ ઈ ઉ ઊ એ ઐ ઓ ઔ ક ખ ગ ઘ ચ છ જ ઝ ટ ઠ ડ ઢ ણ ત થ દ ધ ન પ ફ બ ભ મ ય ર લ વ શ સ હ અ આ ઇ ઈ ઉ ઊ એ ઐ ઓ ઔ ક ખ ગ ઘ ચ છ જ ઝ ટ ઠ ડ ઢ ણ ત થ દ ધ ન પ ફ બ ભ મ ય ર લ વ શ સ હ અ આ ઇ ઈ ઉ ઊ એ ઐ ઓ ઔ ક ખ ગ ઘ ચ છ જ ઝ ટ ઠ ડ ઢ ણ ત થ દ ધ ન પ ફ બ ભ મ ય ર લ વ શ સ હ અ આ ઇ ઈ ઉ ઊ એ ઐ ઓ ઔ ક ખ ગ ઘ ચ છ જ ઝ ટ ઠ ડ ઢ ણ ત થ દ ધ ન પ ફ બ ભ મ ય ર લ વ શ સ હ અ આ ઇ ઈ ઉ ઊ એ ઐ ઓ ઔ ક ખ ગ ઘ ચ છ જ ઝ ટ ઠ ડ ઢ ણ ત થ દ ધ ન પ ફ બ ભ મ ય ર લ વ શ સ હ અ આ ઇ ઈ ઉ ઊ એ ઐ ઓ ઔ ક ખ ગ ઘ ચ છ જ ઝ ટ ઠ ડ ઢ ણ ત થ દ ધ ન પ ફ બ ભ મ ય ર લ વ શ સ હ અ આ ઇ ઈ ઉ ઊ એ ઐ ઓ ઔ ક ખ ગ ઘ ચ છ જ ઝ ટ ઠ ડ ઢ ણ ત થ દ ધ ન પ ફ બ ભ મ ય ર લ વ શ સ હ અ આ ઇ ઈ ઉ ઊ એ ઐ ઓ ઔ ક ખ ગ ઘ ચ છ જ ઝ ટ ઠ ડ ઢ ણ ત થ દ ધ ન પ ફ બ ભ મ ય ર લ વ શ સ હ અ આ ઇ ઈ ઉ ઊ એ ઐ ઓ ઔ ક ખ ગ ઘ ચ છ જ ઝ ટ ઠ ડ ઢ ણ ત થ દ ધ ન પ ફ બ ભ મ ય ર લ વ શ સ હ અ આ ઇ ઈ ઉ ઊ એ ઐ ઓ ઔ ક ખ ગ ઘ ચ છ જ ઝ ટ ઠ ડ ઢ ણ ત થ દ ધ ન પ ફ બ ભ મ ય ર લ વ શ સ હ અ આ ઇ ઈ ઉ ઊ એ ઐ ઓ ઔ ક ખ ગ ઘ ચ છ જ ઝ ટ ઠ ડ ઢ ણ ત થ દ ધ ન પ ફ બ ભ મ ય ર લ વ શ સ હ અ આ ઇ ઈ ઉ ઊ એ ઐ ઓ ઔ ક ખ ગ ઘ ચ છ જ ઝ ટ ઠ ડ ઢ ણ ત થ દ ધ ન પ ફ બ ભ મ ય ર લ વ શ સ હ અ આ ઇ ઈ ઉ ઊ એ ઐ ઓ ઔ ક ખ ગ ઘ ચ છ જ ઝ ટ ઠ ડ ઢ ણ ત થ દ ધ ન પ ફ બ ભ મ ય ર લ વ શ સ હ અ આ ઇ ઈ ઉ ઊ એ ઐ ઓ ઔ ક ખ ગ ઘ ચ છ જ ઝ ટ ઠ ડ ઢ ણ ત થ દ ધ ન પ ફ બ ભ મ ય ર લ વ શ સ હ અ આ ઇ ઈ ઉ ઊ એ ઐ ઓ ઔ ક ખ ગ ઘ ચ છ જ ઝ ટ ઠ ડ ઢ ણ ત થ દ ધ ન પ ફ બ ભ મ ય ર લ વ શ સ હ અ આ ઇ ઈ ઉ ઊ એ ઐ ઓ ઔ ક ખ ગ ઘ ચ છ જ ઝ ટ ઠ ડ ઢ ણ ત થ દ ધ ન પ ફ બ ભ મ ય ર લ વ શ સ હ અ આ ઇ ઈ ઉ ઊ એ ઐ ઓ ઔ ક ખ ગ ઘ ચ છ જ ઝ ટ ઠ ડ ઢ ણ ત થ દ ધ ન પ ફ બ ભ મ ય ર લ વ શ સ હ અ આ ઇ ઈ ઉ ઊ એ ઐ ઓ ઔ ક ખ ગ ઘ ચ છ જ ઝ ટ ઠ ડ ઢ ણ ત થ દ ધ ન પ ફ બ ભ મ ય ર લ વ શ સ હ અ આ ઇ ઈ ઉ ઊ એ ઐ ઓ ઔ ક ખ ગ ઘ ચ છ જ ઝ ટ ઠ ડ ઢ ણ ત થ દ ધ ન પ ફ બ ભ મ ય ર લ વ શ સ હ અ આ ઇ ઈ ઉ ઊ એ ઐ ઓ ઔ ક ખ ગ ઘ ચ છ જ ઝ ટ ઠ ડ ઢ ણ ત થ દ ધ ન પ ફ બ ભ મ ય ર લ વ શ સ હ અ આ ઇ ઈ ઉ ઊ એ ઐ ઓ ઔ ક ખ ગ ઘ ચ છ જ ઝ ટ ઠ ડ ઢ ણ ત થ દ ધ ન પ ફ બ ભ મ ય ર લ વ શ સ હ અ આ ઇ ઈ ઉ ઊ એ ઐ ઓ ઔ ક ખ ગ ઘ ચ
ઉપરવાસમાં ભારે વરસાદથી સુરતની ખાડીઓમાં પાણીની સપાટી વધવા લાગી, શહેરીજનોના જીવ ફરી તાળવે ચોંટયા
સુરત : ઉપરવાસમાં પડેલા ભારે વરસાદને કારણે સુરત શહેરની ખાડીઓમાં પાણીની સપાટી વધવા લાગી હતી. નીચાણવાળા વિસ્તારોમાં રહેતા લોકોના જીવ ફરી તાળવે ચોંટયા હતા. અ આ ઇ ઈ ઉ ઊ એ ઐ ઓ ઔ ક ખ ગ ઘ ચ છ જ ઝ ટ ઠ ડ ઢ ણ ત થ દ ધ ન પ ફ બ ભ મ ય ર લ વ શ સ હ અ આ ઇ ઈ ઉ ઊ એ ઐ ઓ ઔ ક ખ ગ ઘ ચ છ જ ઝ ટ ઠ ડ ઢ ણ ત થ દ ધ ન પ ફ બ ભ મ ય ર લ વ શ સ હ અ આ ઇ ઈ ઉ ઊ એ ઐ ઓ ઔ ક ખ ગ ઘ ચ છ જ ઝ ટ ઠ ડ ઢ ણ ત થ દ ધ ન પ ફ બ ભ મ ય ર લ વ શ સ હ અ આ ઇ ઈ ઉ ઊ એ ઐ ઓ ઔ ક ખ ગ ઘ ચ છ જ ઝ ટ ઠ ડ ઢ ણ ત થ દ ધ ન પ ફ બ ભ મ ય ર લ વ શ સ હ અ આ ઇ ઈ ઉ ઊ એ ઐ ઓ ઔ ક ખ ગ ઘ ચ છ જ ઝ ટ ઠ ડ ઢ ણ ત થ દ ધ ન પ ફ બ ભ મ ય ર લ વ શ સ હ અ આ ઇ ઈ ઉ ઊ એ ઐ ઓ ઔ ક ખ ગ ઘ ચ છ જ ઝ ટ ઠ ડ ઢ ણ ત થ દ ધ ન પ ફ બ ભ મ ય ર લ વ શ સ હ અ આ ઇ ઈ ઉ ઊ એ ઐ ઓ ઔ ક ખ ગ ઘ ચ છ જ ઝ ટ ઠ ડ ઢ ણ ત થ દ ધ ન પ ફ બ ભ મ ય ર લ વ શ સ હ અ આ ઇ ઈ ઉ ઊ એ ઐ ઓ ઔ ક ખ ગ ઘ ચ છ જ ઝ ટ ઠ ડ ઢ ણ ત થ દ ધ ન પ ફ બ ભ મ ય ર લ વ શ સ હ અ આ ઇ ઈ ઉ ઊ એ ઐ ઓ ઔ ક ખ ગ ઘ ચ છ જ ઝ ટ ઠ ડ ઢ ણ ત થ દ ધ ન પ ફ બ ભ મ ય ર લ વ શ સ હ અ આ ઇ ઈ ઉ ઊ એ ઐ ઓ ઔ ક ખ ગ ઘ ચ છ જ ઝ ટ ઠ ડ ઢ ણ ત થ દ ધ ન પ ફ બ ભ મ ય ર લ વ શ સ હ અ આ ઇ ઈ ઉ ઊ એ ઐ ઓ ઔ ક ખ ગ ઘ ચ છ જ ઝ ટ ઠ ડ ઢ ણ ત થ દ ધ ન પ ફ બ ભ મ ય ર લ વ શ સ હ અ આ ઇ ઈ ઉ ઊ એ ઐ ઓ ઔ ક ખ ગ ઘ ચ છ જ ઝ ટ ઠ ડ ઢ ણ ત થ દ ધ ન પ ફ બ ભ મ ય ર લ વ શ સ હ અ આ ઇ ઈ ઉ ઊ એ ઐ ઓ ઔ ક ખ ગ ઘ ચ છ જ ઝ ટ ઠ ડ ઢ ણ ત થ દ ધ ન પ ફ બ ભ મ ય ર લ વ શ સ હ અ આ ઇ ઈ ઉ ઊ એ ઐ ઓ ઔ ક ખ ગ ઘ ચ છ જ ઝ ટ ઠ ડ ઢ ણ ત થ દ ધ ન પ ફ બ ભ મ ય ર લ વ શ સ હ અ આ ઇ ઈ ઉ ઊ એ ઐ ઓ ઔ ક ખ ગ ઘ ચ છ જ ઝ ટ ઠ ડ ઢ ણ ત થ દ ધ ન પ ફ બ ભ મ ય ર લ વ શ સ હ અ આ ઇ ઈ ઉ ઊ એ ઐ ઓ ઔ ક ખ ગ ઘ ચ છ જ ઝ ટ ઠ ડ ઢ ણ ત થ દ ધ ન પ ફ બ ભ મ ય ર લ વ શ સ હ અ આ ઇ ઈ ઉ ઊ એ ઐ ઓ ઔ ક ખ ગ ઘ ચ છ જ ઝ ટ ઠ ડ ઢ ણ ત થ દ ધ ન પ ફ બ ભ મ ય ર લ વ શ સ હ અ આ ઇ ઈ ઉ ઊ એ ઐ ઓ ઔ ક ખ ગ ઘ ચ છ જ ઝ ટ ઠ ડ ઢ ણ ત થ દ ધ ન પ ફ બ ભ મ ય ર લ વ શ સ હ અ આ ઇ ઈ ઉ ઊ એ ઐ ઓ ઔ ક ખ ગ ઘ ચ છ જ ઝ ટ ઠ ડ ઢ ણ ત થ દ ધ ન પ ફ બ ભ મ ય ર લ વ શ સ હ અ આ ઇ ઈ ઉ ઊ એ ઐ ઓ ઔ ક ખ ગ ઘ ચ છ જ ઝ ટ ઠ ડ ઢ ણ ત થ દ ધ ન પ ફ બ ભ મ ય ર લ વ શ સ હ અ આ ઇ ઈ ઉ ઊ એ ઐ ઓ ઔ ક ખ ગ ઘ ચ છ જ ઝ ટ ઠ ડ ઢ ણ ત થ દ ધ ન પ ફ બ ભ મ ય ર લ વ શ સ હ અ આ ઇ ઈ ઉ ઊ એ ઐ ઓ ઔ ક ખ ગ ઘ ચ છ જ ઝ ટ ઠ ડ ઢ ણ ત થ દ ધ ન પ ફ બ ભ મ ય ર લ વ શ સ હ અ આ ઇ ઈ ઉ ઊ એ ઐ ઓ ઔ ક ખ ગ ઘ ચ છ જ ઝ ટ ઠ ડ ઢ ણ ત થ દ ધ ન પ ફ બ ભ મ ય ર લ વ શ સ હ અ આ ઇ ઈ ઉ ઊ એ ઐ ઓ ઔ ક ખ ગ ઘ ચ છ જ ઝ ટ ઠ ડ ઢ ણ ત થ દ ધ ન પ ફ બ ભ મ ય ર લ વ શ સ હ અ આ ઇ ઈ ઉ ઊ એ ઐ ઓ ઔ ક ખ ગ ઘ ચ છ જ ઝ ટ ઠ ડ ઢ ણ ત થ દ ધ ન પ ફ બ ભ મ ય ર લ વ શ સ હ અ આ ઇ ઈ ઉ ઊ એ ઐ ઓ ઔ ક ખ ગ ઘ ચ છ જ ઝ ટ ઠ ડ ઢ ણ ત થ દ ધ ન પ ફ બ ભ મ ય ર લ વ શ સ હ અ આ ઇ ઈ ઉ ઊ એ ઐ ઓ ઔ ક ખ ગ ઘ ચ છ જ ઝ ટ ઠ ડ ઢ ણ ત થ દ ધ ન પ ફ બ ભ મ ય ર લ વ શ સ હ અ આ ઇ ઈ ઉ ઊ એ ઐ ઓ ઔ ક ખ ગ ઘ ચ છ જ ઝ ટ ઠ ડ ઢ ણ ત થ દ ધ ન પ ફ બ ભ મ ય ર લ વ શ સ હ અ આ ઇ ઈ ઉ ઊ એ ઐ ઓ ઔ ક ખ ગ ઘ ચ છ જ ઝ ટ ઠ ડ ઢ ણ ત થ દ ધ ન પ ફ બ ભ મ ય ર લ વ શ સ હ અ આ ઇ ઈ ઉ ઊ એ ઐ ઓ ઔ ક ખ ગ ઘ ચ છ જ ઝ ટ ઠ ડ ઢ ણ ત થ દ ધ ન પ ફ બ ભ મ ય ર લ વ શ સ હ અ આ ઇ ઈ ઉ ઊ
અંકલેશ્વરમાં ગ્રાહકોને લાખોના વિજળીલ મધાના રોષની લાગણી
અંકલેશ્વર : દક્ષિણ ગુજરાત વીજ કંપનીના વધારે વીજ બિલને કારણે ગ્રાહકોમાં રોષની લાગણી ફેલાઈ હતી. અ આ ઇ ઈ ઉ ઊ એ ઐ ઓ ઔ ક ખ ગ ઘ ચ છ જ ઝ ટ ઠ ડ ઢ ણ ત થ દ ધ ન પ ફ બ ભ મ ય ર લ વ શ સ હ અ આ ઇ ઈ ઉ ઊ એ ઐ ઓ ઔ ક ખ ગ ઘ ચ છ જ ઝ ટ ઠ ડ ઢ ણ ત થ દ ધ ન પ ફ બ ભ મ ય ર લ વ શ સ હ અ આ ઇ ઈ ઉ ઊ એ ઐ ઓ ઔ ક ખ ગ ઘ ચ છ જ ઝ ટ ઠ ડ ઢ ણ ત થ દ ધ ન પ ફ બ ભ મ ય ર લ વ શ સ હ અ આ ઇ ઈ ઉ ઊ એ ઐ ઓ ઔ ક ખ ગ ઘ ચ છ જ ઝ ટ ઠ ડ ઢ ણ ત થ દ ધ ન પ ફ બ ભ મ ય ર લ વ શ સ હ અ આ ઇ ઈ ઉ ઊ એ ઐ ઓ ઔ ક ખ ગ ઘ ચ છ જ ઝ ટ ઠ ડ ઢ ણ ત થ દ ધ ન પ ફ બ ભ મ ય ર લ વ શ સ હ અ આ ઇ ઈ ઉ ઊ એ ઐ ઓ ઔ ક ખ ગ ઘ ચ છ જ ઝ ટ ઠ ડ ઢ ણ ત થ દ ધ ન પ ફ બ ભ મ ય ર લ વ શ સ હ અ આ ઇ ઈ ઉ ઊ એ ઐ ઓ ઔ ક ખ ગ ઘ ચ છ જ ઝ ટ ઠ ડ ઢ ણ ત થ દ ધ ન પ ફ બ ભ મ ય ર લ વ શ સ હ અ આ ઇ ઈ ઉ ઊ એ ઐ ઓ ઔ ક ખ ગ ઘ ચ છ જ ઝ ટ ઠ ડ ઢ ણ ત થ દ ધ ન પ ફ બ ભ મ ય ર લ વ શ સ હ અ આ ઇ ઈ ઉ ઊ એ ઐ ઓ ઔ ક ખ ગ ઘ ચ છ જ ઝ ટ ઠ ડ ઢ ણ ત થ દ ધ ન પ ફ બ ભ મ ય ર લ વ શ સ હ અ આ ઇ ઈ ઉ ઊ એ ઐ ઓ ઔ ક ખ ગ ઘ ચ છ જ ઝ ટ ઠ ડ ઢ ણ ત થ દ ધ ન પ ફ બ ભ મ ય ર લ વ શ સ હ અ આ ઇ ઈ ઉ ઊ એ ઐ ઓ ઔ ક ખ ગ ઘ ચ છ જ ઝ ટ ઠ ડ ઢ ણ ત થ દ ધ ન પ ફ બ ભ મ ય ર લ વ શ સ હ અ આ ઇ ઈ ઉ ઊ એ ઐ ઓ ઔ ક ખ ગ ઘ ચ છ જ ઝ ટ ઠ ડ ઢ ણ
શહેર-જિલ્લામાં નુર ૨પર નવા કેસ, ૭ દર્દીના મોત થતા મૃત્યુઆંક ૭૪૭ થયો, ૩૯૯ દર્દીઓ ડિસ્ચાર્જ થયા
સુરત : શહેર અને જિલ્લામાં કોરોનાના નવા કેસ નોંધાયા હતા. સાત દર્દીઓના મોત થતા મૃત્યુઆંક ૭૪૭ થયો હતો, જ્યારે ૩૯૯ દર્દીઓને રજા આપવામાં આવી હતી. અ આ ઇ ઈ ઉ ઊ એ ઐ ઓ ઔ ક ખ ગ ઘ ચ છ જ ઝ ટ ઠ ડ ઢ ણ ત થ દ ધ ન પ ફ બ ભ મ ય ર લ વ શ સ હ અ આ ઇ ઈ ઉ ઊ એ ઐ ઓ ઔ ક ખ ગ ઘ ચ છ જ ઝ ટ ઠ ડ ઢ ણ ત થ દ ધ ન પ ફ બ ભ મ ય ર લ વ શ સ હ અ આ ઇ ઈ ઉ ઊ એ ઐ ઓ ઔ ક ખ ગ ઘ ચ છ જ ઝ ટ ઠ ડ ઢ ણ ત થ દ ધ ન પ ફ બ ભ મ ય ર લ વ શ સ હ અ આ ઇ ઈ ઉ ઊ એ ઐ ઓ ઔ ક ખ ગ ઘ ચ છ જ ઝ ટ ઠ ડ ઢ ણ ત થ દ ધ ન પ ફ બ ભ મ ય ર લ વ શ સ હ અ આ ઇ ઈ ઉ ઊ એ ઐ ઓ ઔ ક ખ ગ ઘ ચ છ જ ઝ ટ ઠ ડ ઢ ણ ત થ દ ધ ન પ ફ બ ભ મ ય ર લ વ શ સ હ અ આ ઇ ઈ ઉ ઊ એ ઐ ઓ ઔ ક ખ ગ ઘ ચ છ જ ઝ ટ ઠ ડ ઢ ણ ત થ દ ધ ન પ ફ બ ભ મ ય ર લ વ શ સ હ અ આ ઇ ઈ ઉ ઊ એ ઐ ઓ ઔ ક ખ ગ ઘ ચ છ જ ઝ ટ ઠ ડ ઢ ણ ત થ દ ધ ન પ ફ બ ભ મ ય ર લ વ શ સ હ અ આ ઇ ઈ ઉ ઊ એ ઐ ઓ ઔ ક ખ ગ ઘ ચ છ જ ઝ ટ ઠ ડ ઢ ણ ત થ દ ધ ન પ ફ બ ભ મ ય ર લ વ શ સ હ અ આ ઇ ઈ ઉ ઊ એ ઐ ઓ ઔ ક ખ ગ ઘ ચ છ જ ઝ ટ ઠ ડ ઢ ણ ત થ દ ધ ન પ ફ બ ભ મ ય ર લ વ શ સ હ અ આ ઇ ઈ ઉ ઊ એ ઐ ઓ ઔ ક ખ ગ ઘ ચ છ જ ઝ ટ ઠ ડ ઢ ણ ત થ દ ધ ન પ ફ બ ભ મ ય ર લ વ શ સ હ અ આ ઇ ઈ ઉ ઊ એ ઐ ઓ ઔ ક ખ ગ ઘ ચ છ જ ઝ ટ ઠ ડ ઢ ણ ત થ દ ધ ન પ ફ બ ભ મ ય ર લ વ શ સ હ અ આ ઇ ઈ ઉ ઊ એ ઐ ઓ ઔ ક ખ ગ ઘ ચ છ જ ઝ ટ ઠ ડ ઢ ણ ત થ દ ધ ન પ ફ બ ભ મ ય ર લ વ શ સ હ અ આ ઇ ઈ ઉ ઊ એ ઐ ઓ ઔ ક ખ ગ ઘ ચ છ જ ઝ ટ ઠ ડ ઢ ણ ત થ દ ધ ન પ ફ બ ભ મ ય ર લ વ શ સ હ અ આ ઇ ઈ ઉ ઊ એ ઐ ઓ ઔ ક ખ ગ ઘ ચ છ જ ઝ ટ ઠ ડ ઢ ણ ત થ દ ધ ન પ ફ બ ભ મ ય ર લ વ શ સ હ અ આ ઇ ઈ ઉ ઊ એ ઐ ઓ ઔ ક ખ ગ ઘ ચ છ જ ઝ ટ ઠ ડ ઢ ણ ત થ દ ધ ન પ ફ બ ભ મ ય ર લ વ શ સ હ અ આ ઇ ઈ ઉ ઊ એ ઐ ઓ ઔ ક ખ ગ ઘ ચ છ જ ઝ ટ ઠ ડ ઢ ણ ત થ દ ધ ન પ ફ બ ભ મ ય ર લ વ શ સ હ અ આ ઇ ઈ ઉ ઊ એ ઐ ઓ ઔ ક ખ ગ ઘ ચ છ જ ઝ ટ ઠ ડ ઢ ણ ત થ દ ધ ન પ ફ બ ભ મ ય ર લ વ શ સ હ અ આ ઇ ઈ ઉ ઊ એ ઐ ઓ ઔ ક ખ ગ ઘ ચ છ જ ઝ ટ ઠ ડ ઢ ણ ત થ દ ધ ન પ ફ બ ભ મ ય ર લ વ શ સ હ અ આ ઇ ઈ ઉ ઊ એ ઐ ઓ ઔ ક ખ ગ ઘ ચ છ જ ઝ ટ ઠ ડ ઢ ણ ત થ દ ધ ન પ ફ બ ભ મ ય ર લ વ શ સ હ અ આ ઇ ઈ ઉ ઊ એ ઐ ઓ ઔ ક ખ ગ ઘ ચ છ જ ઝ ટ ઠ ડ ઢ ણ ત થ દ ધ ન પ ફ બ ભ મ ય ર લ વ શ સ હ અ આ ઇ ઈ ઉ ઊ એ ઐ ઓ ઔ ક ખ ગ ઘ ચ છ જ ઝ ટ ઠ ડ ઢ ણ ત થ દ ધ ન પ ફ બ ભ મ ય ર લ વ શ સ હ અ આ ઇ ઈ ઉ ઊ એ ઐ ઓ ઔ ક ખ ગ ઘ ચ છ જ ઝ ટ ઠ ડ ઢ ણ ત થ દ ધ ન પ ફ બ ભ મ ય ર લ વ શ સ હ અ આ ઇ ઈ ઉ ઊ એ ઐ ઓ ઔ ક ખ ગ ઘ ચ છ જ ઝ ટ ઠ ડ ઢ ણ ત થ દ ધ ન પ ફ બ ભ મ ય ર લ વ શ સ હ અ આ ઇ ઈ ઉ ઊ એ ઐ ઓ ઔ ક ખ ગ ઘ ચ છ જ ઝ ટ ઠ ડ ઢ ણ ત થ દ ધ ન પ ફ બ ભ મ ય ર લ વ શ સ હ અ આ ઇ ઈ ઉ ઊ એ ઐ ઓ ઔ ક ખ ગ ઘ ચ છ જ ઝ ટ ઠ ડ ઢ ણ ત થ દ ધ ન પ ફ બ ભ મ ય ર લ વ શ સ હ અ આ ઇ ઈ ઉ ઊ એ ઐ ઓ ઔ ક ખ ગ ઘ ચ છ જ ઝ ટ ઠ ડ ઢ ણ ત થ દ ધ ન પ ફ બ ભ મ ય ર લ વ શ સ હ અ આ ઇ ઈ ઉ ઊ એ ઐ ઓ ઔ ક ખ ગ ઘ ચ છ જ ઝ ટ ઠ ડ ઢ ણ ત થ દ ધ ન પ ફ બ ભ મ ય ર લ વ શ સ હ અ આ ઇ ઈ ઉ ઊ એ ઐ ઓ ઔ ક ખ ગ ઘ ચ છ જ ઝ ટ ઠ ડ ઢ ણ ત થ દ ધ ન પ ફ બ ભ મ ય ર લ વ શ સ હ અ આ ઇ ઈ ઉ ઊ એ ઐ ઓ ઔ ક ખ ગ ઘ ચ છ જ ઝ ટ ઠ ડ ઢ ણ ત થ દ ધ ન પ ફ બ ભ મ ય ર લ વ શ સ હ અ આ ઇ ઈ ઉ ઊ એ ઐ ઓ ઔ ક ખ ગ ઘ ચ છ જ ઝ ટ ઠ ડ ઢ ણ ત થ દ ધ ન પ ફ બ ભ મ ય ર લ વ શ સ હ અ આ ઇ ઈ ઉ ઊ એ ઐ ઓ ઔ ક ખ ગ ઘ ચ છ જ ઝ ટ ઠ ડ ઢ ણ ત થ દ ધ ન પ ફ બ ભ મ ય ર લ વ શ સ હ અ આ ઇ ઈ ઉ ઊ એ ઐ ઓ ઔ ક ખ ગ ઘ ચ છ જ ઝ ટ ઠ ડ ઢ ણ ત થ દ ધ ન પ ફ બ ભ મ ય ર લ વ શ સ હ અ આ ઇ ઈ ઉ ઊ એ ઐ ઓ ઔ ક ખ ગ ઘ ચ છ જ ઝ ટ ઠ ડ ઢ ણ ત થ દ ધ ન પ ફ બ ભ મ ય ર લ વ શ સ હ અ આ ઇ ઈ ઉ ઊ એ ઐ ઓ ઔ ક ખ ગ ઘ ચ છ જ ઝ ટ ઠ ડ ઢ ણ ત થ દ ધ ન પ ફ બ ભ મ ય ર લ વ શ સ હ અ આ ઇ ઈ ઉ ઊ એ ઐ ઓ ઔ ક ખ ગ ઘ ચ છ જ ઝ ટ ઠ ડ ઢ ણ ત થ દ ધ ન પ ફ બ ભ મ ય ર લ વ શ સ હ અ આ ઇ ઈ ઉ ઊ એ ઐ ઓ ઔ ક ખ ગ ઘ ચ છ જ ઝ ટ ઠ ડ ઢ ણ ત થ દ ધ ન પ ફ બ ભ મ ય ર લ વ શ સ હ અ આ ઇ ઈ ઉ ઊ એ ઐ ઓ ઔ ક ખ ગ ઘ ચ છ જ ઝ ટ ઠ ડ ઢ ણ ત થ દ ધ ન પ ફ બ ભ મ ય ર લ વ શ સ હ અ આ ઇ ઈ ઉ ઊ એ ઐ ઓ ઔ ક ખ ગ ઘ ચ છ જ ઝ ટ ઠ ડ ઢ ણ ત થ દ ધ ન પ ફ બ ભ મ ય ર લ વ શ સ હ અ આ ઇ ઈ ઉ ઊ એ ઐ ઓ ઔ ક ખ ગ ઘ ચ છ જ ઝ ટ ઠ ડ ઢ ણ ત થ દ ધ ન પ ફ બ ભ મ ય ર લ વ શ સ હ અ આ ઇ ઈ ઉ ઊ એ ઐ ઓ ઔ ક ખ ગ ઘ ચ છ જ ઝ ટ ઠ ડ ઢ ણ ત થ દ ધ ન પ ફ બ ભ મ ય ર લ વ શ સ હ અ આ ઇ ઈ ઉ ઊ એ ઐ ઓ ઔ ક ખ ગ ઘ ચ છ જ ઝ ટ ઠ ડ ઢ ણ ત થ દ ધ ન પ ફ બ ભ મ ય ર લ વ શ સ હ અ આ ઇ ઈ ઉ ઊ એ ઐ ઓ ઔ ક ખ ગ ઘ ચ છ જ ઝ ટ ઠ ડ ઢ ણ ત થ દ ધ ન પ ફ બ ભ મ ય ર લ વ શ સ હ અ આ ઇ ઈ ઉ ઊ એ ઐ ઓ ઔ ક ખ ગ ઘ ચ છ જ ઝ ટ ઠ ડ ઢ ણ ત થ દ ધ ન પ ફ બ ભ મ ય ર લ વ શ સ હ અ આ ઇ ઈ ઉ ઊ એ ઐ ઓ ઔ ક ખ ગ ઘ ચ છ જ ઝ ટ ઠ ડ ઢ ણ ત થ દ ધ ન પ ફ બ ભ મ ય ર લ વ શ સ હ અ આ ઇ ઈ ઉ ઊ એ ઐ ઓ ઔ ક ખ ગ ઘ ચ છ જ ઝ ટ ઠ ડ ઢ ણ ત થ દ ધ ન પ ફ બ ભ મ ય ર લ વ શ સ હ અ આ ઇ ઈ ઉ ઊ એ ઐ ઓ ઔ ક ખ ગ ઘ ચ છ જ ઝ ટ ઠ ડ ઢ ણ ત થ દ ધ ન પ ફ બ ભ મ ય ર લ વ શ સ હ અ આ ઇ ઈ ઉ ઊ એ ઐ ઓ ઔ ક ખ ગ ઘ ચ છ જ ઝ ટ ઠ ડ ઢ ણ ત થ દ ધ ન પ ફ બ ભ મ ય ર લ વ શ સ હ અ આ ઇ ઈ ઉ ઊ એ ઐ ઓ ઔ ક ખ ગ ઘ ચ છ જ ઝ ટ ઠ ડ ઢ ણ ત થ દ ધ ન પ ફ બ ભ મ ય ર લ વ શ સ હ અ આ ઇ ઈ ઉ ઊ એ ઐ ઓ ઔ ક ખ ગ ઘ ચ છ જ ઝ ટ ઠ ડ ઢ ણ ત થ દ ધ ન પ ફ બ ભ મ ય ર લ વ શ સ હ અ આ ઇ ઈ ઉ ઊ એ ઐ ઓ ઔ ક ખ ગ ઘ ચ છ જ ઝ ટ ઠ ડ ઢ ણ ત થ દ ધ ન પ ફ બ ભ મ ય ર લ વ શ સ હ અ આ ઇ ઈ ઉ ઊ એ ઐ ઓ ઔ ક ખ ગ ઘ ચ છ જ ઝ ટ ઠ ડ ઢ ણ ત થ દ ધ ન પ ફ બ ભ મ ય ર લ વ શ સ હ અ આ ઇ ઈ ઉ ઊ એ ઐ ઓ ઔ ક ખ ગ ઘ ચ છ જ ઝ ટ ઠ ડ ઢ ણ ત થ દ ધ ન પ ફ બ ભ મ ય ર લ વ શ સ હ અ આ ઇ ઈ ઉ ઊ એ ઐ ઓ ઔ ક ખ ગ ઘ ચ છ જ ઝ ટ ઠ ડ ઢ ણ ત થ દ ધ ન પ ફ બ ભ મ ય ર લ વ શ સ હ અ આ ઇ ઈ ઉ ઊ એ ઐ ઓ ઔ ક ખ ગ ઘ ચ છ જ ઝ ટ ઠ ડ ઢ ણ ત થ દ ધ ન પ ફ બ ભ મ ય ર લ વ શ સ હ અ આ ઇ ઈ ઉ ઊ એ ઐ ઓ ઔ ક ખ ગ ઘ ચ છ જ ઝ ટ ઠ ડ ઢ ણ ત થ દ ધ ન પ ફ બ ભ મ ય ર લ વ શ સ હ અ આ ઇ ઈ ઉ ઊ એ ઐ ઓ ઔ ક ખ ગ ઘ ચ છ જ ઝ ટ ઠ ડ ઢ ણ ત થ દ ધ ન પ ફ બ ભ મ ય ર લ વ શ સ હ અ આ ઇ ઈ ઉ ઊ એ ઐ ઓ ઔ ક ખ ગ ઘ ચ છ જ ઝ ટ ઠ ડ ઢ ણ ત થ દ ધ ન પ ફ બ ભ મ ય ર લ વ શ સ હ અ આ ઇ ઈ ઉ ઊ એ ઐ ઓ ઔ ક ખ ગ ઘ ચ છ જ ઝ ટ ઠ ડ ઢ ણ ત થ દ ધ ન પ ફ બ ભ મ ય ર લ વ શ સ હ અ આ ઇ ઈ ઉ ઊ એ ઐ ઓ ઔ ક ખ ગ ઘ ચ છ જ ઝ ટ ઠ ડ ઢ ણ ત થ દ ધ ન પ ફ બ ભ મ ય ર લ વ શ સ હ અ આ ઇ ઈ ઉ ઊ એ ઐ ઓ ઔ ક ખ ગ ઘ ચ છ જ ઝ ટ ઠ ડ ઢ ણ ત થ દ ધ ન પ ફ બ ભ મ ય ર લ વ શ સ હ
ખાડી પુરાકાત વિસ્તારની મુલાકાત લેતા મ્યુનિ. કમિ. બંછાનિધિ પાની
સુરત : મ્યુનિ. કમિશનરે ખાડી પુરાકાત વિસ્તારની મુલાકાત લીધી હતી. અ આ ઇ ઈ ઉ ઊ એ ઐ ઓ ઔ ક ખ ગ ઘ ચ છ જ ઝ ટ ઠ ડ ઢ ણ ત થ દ ધ ન પ ફ બ ભ મ ય ર લ વ શ સ હ અ આ ઇ ઈ ઉ ઊ એ ઐ ઓ ઔ ક ખ ગ ઘ ચ છ જ ઝ ટ ઠ ડ ઢ ણ ત થ દ ધ ન પ ફ બ ભ મ ય ર લ વ શ સ હ અ આ ઇ ઈ ઉ ઊ એ ઐ ઓ ઔ ક ખ ગ ઘ ચ છ જ ઝ ટ ઠ ડ ઢ ણ ત થ દ ધ ન પ ફ બ ભ મ ય ર લ વ શ સ હ અ આ ઇ ઈ ઉ ઊ એ ઐ ઓ ઔ ક ખ ગ ઘ ચ છ જ ઝ ટ ઠ ડ ઢ ણ ત થ દ ધ ન પ ફ બ ભ મ ય ર લ વ શ સ હ અ આ ઇ ઈ ઉ ઊ એ ઐ ઓ ઔ ક ખ ગ ઘ ચ છ જ ઝ ટ ઠ ડ ઢ ણ ત થ દ ધ ન પ ફ બ ભ મ ય ર લ વ શ સ હ અ આ ઇ ઈ ઉ ઊ એ ઐ ઓ ઔ ક ખ ગ ઘ ચ છ જ ઝ ટ ઠ ડ ઢ ણ ત થ દ ધ ન પ ફ બ ભ મ ય ર લ વ શ સ હ અ આ ઇ ઈ ઉ ઊ એ ઐ ઓ ઔ ક ખ ગ ઘ ચ છ જ ઝ ટ ઠ ડ ઢ ણ ત થ દ ધ ન પ ફ બ ભ મ ય ર લ વ શ સ હ અ આ ઇ ઈ ઉ ઊ એ ઐ ઓ ઔ ક ખ ગ ઘ ચ છ જ ઝ ટ ઠ ડ ઢ ણ ત થ દ ધ ન પ ફ બ ભ મ ય ર લ વ શ સ હ અ આ ઇ ઈ ઉ ઊ એ ઐ ઓ ઔ ક ખ ગ ઘ ચ છ જ ઝ ટ ઠ ડ ઢ ણ ત થ દ ધ ન પ ફ બ ભ મ ય ર લ વ શ સ હ અ આ ઇ ઈ ઉ ઊ એ ઐ ઓ ઔ ક ખ ગ ઘ ચ છ જ ઝ ટ ઠ ડ ઢ ણ ત થ દ ધ ન પ ફ બ ભ મ ય ર લ વ શ સ હ અ આ ઇ ઈ ઉ ઊ એ ઐ ઓ ઔ ક ખ ગ ઘ ચ છ જ ઝ ટ ઠ ડ ઢ ણ ત થ દ ધ ન પ ફ બ ભ મ ય ર લ વ શ સ હ અ આ ઇ ઈ ઉ ઊ એ ઐ ઓ ઔ ક ખ ગ ઘ ચ છ જ ઝ ટ ઠ ડ ઢ ણ ત થ દ ધ ન પ ફ બ ભ મ ય ર લ વ શ સ હ અ આ ઇ ઈ ઉ ઊ એ ઐ ઓ ઔ ક ખ ગ ઘ ચ છ જ ઝ ટ ઠ ડ ઢ ણ ત થ દ ધ ન પ ફ બ ભ મ ય ર લ વ શ સ હ અ આ ઇ ઈ ઉ ઊ એ ઐ ઓ ઔ ક ખ ગ ઘ ચ છ જ ઝ ટ ઠ ડ ઢ ણ ત થ દ ધ ન પ ફ બ ભ મ ય ર લ વ શ સ હ અ આ ઇ ઈ ઉ ઊ એ ઐ ઓ ઔ ક ખ ગ ઘ ચ છ જ ઝ ટ ઠ ડ ઢ ણ ત થ દ ધ ન પ ફ બ ભ મ ય ર લ વ શ સ હ અ આ ઇ ઈ ઉ ઊ એ ઐ ઓ ઔ ક ખ ગ ઘ ચ છ જ ઝ ટ ઠ ડ ઢ ણ ત થ દ ધ ન પ ફ બ ભ મ ય ર લ વ શ સ હ અ આ ઇ ઈ ઉ ઊ એ ઐ ઓ ઔ ક ખ ગ ઘ ચ છ જ ઝ ટ ઠ ડ ઢ ણ ત થ દ ધ ન પ ફ બ ભ મ ય ર લ વ શ સ હ અ આ ઇ ઈ ઉ ઊ એ ઐ ઓ ઔ ક ખ ગ ઘ ચ છ જ ઝ ટ ઠ ડ ઢ ણ ત થ દ ધ ન પ ફ બ ભ મ ય ર લ વ શ સ હ અ આ ઇ ઈ ઉ ઊ એ ઐ ઓ ઔ ક ખ ગ ઘ ચ છ જ ઝ ટ ઠ ડ ઢ ણ ત થ દ ધ ન પ ફ બ ભ મ ય ર લ વ શ સ હ અ આ ઇ ઈ ઉ ઊ એ ઐ ઓ ઔ ક ખ ગ ઘ ચ છ જ ઝ ટ ઠ ડ ઢ ણ ત થ દ ધ ન પ ફ બ ભ મ ય ર લ વ શ સ હ અ આ ઇ ઈ ઉ ઊ એ ઐ ઓ ઔ ક ખ ગ ઘ ચ છ જ ઝ ટ ઠ ડ ઢ ણ ત થ દ ધ ન પ ફ બ ભ મ ય ર લ વ શ સ હ અ આ ઇ ઈ ઉ ઊ એ ઐ ઓ ઔ ક ખ ગ ઘ ચ છ જ ઝ ટ ઠ ડ ઢ ણ ત થ દ ધ ન પ ફ બ ભ મ ય ર લ વ શ સ હ અ આ ઇ ઈ ઉ ઊ એ ઐ ઓ ઔ ક ખ ગ ઘ ચ છ જ ઝ ટ ઠ ડ ઢ ણ ત થ દ ધ ન પ ફ બ ભ મ ય ર લ વ શ સ હ અ આ ઇ ઈ ઉ ઊ એ ઐ ઓ ઔ ક ખ ગ ઘ ચ છ જ ઝ ટ ઠ ડ ઢ ણ ત થ દ ધ ન પ ફ બ ભ મ ય ર લ વ શ સ હ અ આ ઇ ઈ ઉ ઊ એ ઐ ઓ ઔ ક ખ ગ ઘ ચ છ જ ઝ ટ ઠ ડ ઢ ણ ત થ દ ધ ન પ ફ બ ભ મ ય ર લ વ શ સ હ અ આ ઇ ઈ ઉ ઊ એ ઐ ઓ ઔ
યુવાને સંબંધ રાખવા માટે કોઈની દિકરીને દબાણ કરતા અરજી
સુરત : યુવાને સંબંધ રાખવા દબાણ કરતા પરિવારે પોલીસમાં અરજી આપી હતી. અ આ ઇ ઈ ઉ ઊ એ ઐ ઓ ઔ ક ખ ગ ઘ ચ છ જ ઝ ટ ઠ ડ ઢ ણ ત થ દ ધ ન પ ફ બ ભ મ ય ર લ વ શ સ હ અ આ ઇ ઈ ઉ ઊ એ ઐ ઓ ઔ ક ખ ગ ઘ ચ છ જ ઝ ટ ઠ ડ ઢ ણ ત થ દ ધ ન પ ફ બ ભ મ ય ર લ વ શ સ હ અ આ ઇ ઈ ઉ ઊ એ ઐ ઓ ઔ ક ખ ગ ઘ ચ છ જ ઝ ટ ઠ ડ ઢ ણ ત થ દ ધ ન પ ફ બ ભ મ ય ર લ વ શ સ હ અ આ ઇ ઈ ઉ ઊ એ ઐ ઓ ઔ ક ખ ગ ઘ ચ છ જ ઝ ટ ઠ ડ ઢ ણ ત થ દ ધ ન પ ફ બ ભ મ ય ર લ વ શ સ હ અ આ ઇ ઈ ઉ ઊ એ ઐ ઓ ઔ ક ખ ગ ઘ ચ છ જ ઝ ટ ઠ ડ ઢ ણ ત થ દ ધ ન પ ફ બ ભ મ ય ર લ વ શ સ હ અ આ ઇ ઈ ઉ ઊ એ ઐ ઓ ઔ ક ખ ગ ઘ ચ છ જ ઝ ટ ઠ ડ ઢ ણ ત થ દ ધ ન પ ફ બ ભ મ ય ર લ વ શ સ હ અ આ ઇ ઈ ઉ ઊ એ ઐ ઓ ઔ ક ખ ગ ઘ ચ છ જ ઝ ટ ઠ ડ ઢ ણ ત થ દ ધ ન પ ફ બ ભ મ ય ર લ વ શ સ હ અ આ ઇ ઈ ઉ ઊ એ ઐ ઓ ઔ ક ખ ગ ઘ ચ છ જ ઝ ટ ઠ ડ ઢ ણ ત થ દ ધ ન પ ફ બ ભ મ ય ર લ વ શ સ હ અ આ ઇ ઈ ઉ ઊ એ ઐ ઓ ઔ ક ખ ગ ઘ ચ છ જ ઝ ટ ઠ ડ ઢ ણ ત થ દ ધ ન પ ફ બ ભ મ ય ર લ વ શ સ હ અ આ ઇ ઈ ઉ ઊ એ ઐ ઓ ઔ ક ખ ગ ઘ ચ છ જ ઝ ટ ઠ ડ ઢ ણ ત થ દ ધ ન પ ફ બ ભ મ ય ર લ વ શ સ હ અ આ ઇ ઈ ઉ ઊ એ ઐ ઓ ઔ ક ખ ગ ઘ ચ છ જ ઝ ટ ઠ ડ ઢ ણ ત થ દ ધ ન પ ફ બ ભ મ ય ર લ વ શ સ હ અ આ ઇ ઈ ઉ ઊ એ ઐ ઓ ઔ ક ખ ગ ઘ ચ છ જ ઝ ટ ઠ ડ ઢ ણ ત થ દ ધ ન પ ફ બ ભ મ ય ર લ વ શ સ હ અ આ ઇ ઈ ઉ ઊ એ ઐ ઓ ઔ ક ખ ગ ઘ ચ છ જ ઝ ટ ઠ ડ ઢ ણ ત થ દ ધ ન પ ફ બ ભ મ ય ર લ વ શ સ હ અ આ ઇ ઈ ઉ ઊ એ ઐ ઓ ઔ ક ખ ગ ઘ ચ છ જ ઝ ટ ઠ ડ ઢ ણ ત થ દ ધ ન પ ફ બ ભ મ ય ર લ વ શ સ હ અ આ ઇ ઈ ઉ ઊ એ ઐ ઓ ઔ ક ખ ગ ઘ ચ છ જ ઝ ટ ઠ ડ ઢ ણ ત થ દ ધ ન પ ફ બ ભ મ ય ર લ વ શ સ હ અ આ ઇ ઈ ઉ ઊ એ ઐ ઓ ઔ ક ખ ગ ઘ ચ છ જ ઝ ટ ઠ ડ ઢ ણ ત થ દ ધ ન પ ફ બ ભ મ ય ર લ વ શ સ હ અ આ ઇ ઈ ઉ ઊ એ ઐ ઓ ઔ ક ખ ગ ઘ ચ છ જ ઝ ટ ઠ ડ ઢ ણ ત
બાળકના ભરણ પોષણ માટે પત્નીએ કરેલી અરજી મંજૂર કરતી અદાલત
સુરત : બાળકના ભરણ પોષણ માટે પત્નીએ કરેલી અરજી અદાલતે મંજૂર કરી હતી અને પતિને દર મહિને રકમ ચૂકવવા હુકમ કર્યો હતો. અ આ ઇ ઈ ઉ ઊ એ ઐ ઓ ઔ ક ખ ગ ઘ ચ છ જ ઝ ટ ઠ ડ ઢ ણ ત થ દ ધ ન પ ફ બ ભ મ ય ર લ વ શ સ હ અ આ ઇ ઈ ઉ ઊ એ ઐ ઓ ઔ ક ખ ગ ઘ ચ છ જ ઝ ટ ઠ ડ ઢ ણ ત થ દ ધ ન પ ફ બ ભ મ ય ર લ વ શ સ હ અ આ ઇ ઈ ઉ ઊ એ ઐ ઓ ઔ ક ખ ગ ઘ ચ છ જ ઝ ટ ઠ ડ ઢ ણ ત થ દ ધ ન પ ફ બ ભ મ ય ર લ વ શ સ હ અ આ ઇ ઈ ઉ ઊ એ ઐ ઓ ઔ ક ખ ગ ઘ ચ છ જ ઝ ટ ઠ ડ ઢ ણ ત થ દ ધ ન પ ફ બ ભ મ ય ર લ વ શ સ હ અ આ ઇ ઈ ઉ ઊ એ ઐ ઓ ઔ ક ખ ગ ઘ ચ છ જ ઝ ટ ઠ ડ ઢ ણ ત થ દ ધ ન પ ફ બ ભ મ ય ર લ વ શ સ હ અ આ ઇ ઈ ઉ ઊ એ ઐ ઓ ઔ ક ખ ગ ઘ ચ છ જ ઝ ટ ઠ ડ ઢ ણ ત થ દ ધ ન પ ફ બ ભ મ ય ર લ વ શ સ હ અ આ ઇ ઈ ઉ ઊ એ ઐ ઓ ઔ ક ખ ગ ઘ ચ છ જ ઝ ટ ઠ ડ ઢ ણ ત થ દ ધ ન પ ફ બ ભ મ ય ર લ વ શ સ હ અ આ ઇ ઈ ઉ ઊ એ ઐ ઓ ઔ ક ખ ગ ઘ ચ છ જ ઝ ટ ઠ ડ ઢ ણ ત થ દ ધ ન પ ફ બ ભ મ ય ર લ વ શ સ હ અ આ ઇ ઈ ઉ ઊ એ ઐ ઓ ઔ ક ખ ગ ઘ ચ છ જ ઝ ટ ઠ ડ ઢ ણ ત થ દ ધ ન પ ફ બ ભ મ ય ર લ વ શ સ હ અ આ ઇ ઈ ઉ ઊ એ ઐ ઓ ઔ ક ખ ગ ઘ ચ છ જ ઝ ટ ઠ ડ ઢ ણ ત થ દ ધ ન પ ફ બ ભ મ ય ર લ વ શ સ હ અ આ ઇ ઈ ઉ ઊ એ ઐ ઓ ઔ ક ખ ગ ઘ ચ છ જ ઝ ટ ઠ ડ ઢ ણ ત થ દ ધ ન પ ફ બ ભ મ ય ર લ વ શ સ હ અ આ ઇ ઈ ઉ ઊ એ ઐ ઓ ઔ ક ખ ગ ઘ ચ છ જ ઝ ટ ઠ ડ ઢ ણ ત થ દ ધ ન પ ફ બ ભ મ ય ર લ વ શ સ હ અ આ ઇ ઈ ઉ ઊ એ ઐ ઓ ઔ ક ખ ગ ઘ ચ છ જ ઝ ટ ઠ ડ ઢ ણ ત થ દ ધ ન પ ફ બ ભ મ ય ર લ વ શ સ હ અ આ ઇ ઈ ઉ ઊ એ ઐ ઓ ઔ ક ખ ગ ઘ ચ છ જ ઝ ટ ઠ ડ ઢ ણ ત થ દ ધ ન પ ફ બ ભ મ ય ર લ વ શ સ હ અ આ ઇ ઈ ઉ ઊ એ ઐ ઓ ઔ ક ખ ગ ઘ ચ છ જ ઝ ટ ઠ ડ ઢ ણ ત થ દ ધ ન પ ફ બ ભ મ ય ર લ વ શ સ હ અ આ ઇ ઈ ઉ ઊ એ ઐ ઓ ઔ ક ખ ગ ઘ ચ છ જ ઝ ટ ઠ ડ ઢ ણ ત થ દ ધ ન પ ફ બ ભ મ ય ર લ વ શ સ હ અ આ ઇ ઈ ઉ ઊ એ ઐ ઓ ઔ ક ખ ગ ઘ ચ છ જ ઝ ટ ઠ ડ ઢ ણ ત થ દ ધ ન પ ફ બ ભ મ ય ર લ વ શ સ હ અ આ ઇ ઈ ઉ ઊ એ ઐ ઓ ઔ ક ખ ગ ઘ ચ છ જ ઝ ટ ઠ ડ ઢ ણ ત થ દ ધ ન પ ફ બ ભ મ ય ર લ વ શ સ હ અ આ ઇ ઈ ઉ ઊ એ ઐ ઓ ઔ ક ખ ગ ઘ ચ છ જ ઝ ટ ઠ ડ ઢ ણ ત થ દ ધ ન પ ફ બ ભ
ખાલેચ ખાડી ઓવરફ્લો થતા ગામમાં પૂર જેવી સ્થિતિ
સુરત : ખાડી ઓવરફ્લો થતા ગામમાં પૂર જેવી સ્થિતિ સર્જાઈ હતી. અ આ ઇ ઈ ઉ ઊ એ ઐ ઓ ઔ ક ખ ગ ઘ ચ છ જ ઝ ટ ઠ ડ ઢ ણ ત થ દ ધ ન પ ફ બ ભ મ ય ર લ વ શ સ હ અ આ ઇ ઈ ઉ ઊ એ ઐ ઓ ઔ ક ખ ગ ઘ ચ છ જ ઝ ટ ઠ ડ ઢ ણ ત થ દ ધ ન પ ફ બ ભ મ ય ર લ વ શ સ હ અ આ ઇ ઈ ઉ ઊ એ ઐ ઓ ઔ ક ખ ગ ઘ ચ છ જ ઝ ટ ઠ ડ ઢ ણ ત થ દ ધ ન પ ફ બ ભ મ ય ર લ વ શ સ હ અ આ ઇ ઈ ઉ ઊ એ ઐ ઓ ઔ ક ખ ગ ઘ ચ છ જ ઝ ટ ઠ ડ ઢ ણ ત થ દ ધ ન પ ફ બ ભ મ ય ર લ વ શ સ હ અ આ ઇ ઈ ઉ ઊ એ ઐ ઓ ઔ ક ખ ગ ઘ ચ છ જ ઝ ટ ઠ ડ ઢ ણ ત થ દ ધ ન પ ફ બ ભ મ ય ર લ વ શ સ હ અ આ ઇ ઈ ઉ ઊ એ ઐ ઓ ઔ ક ખ ગ ઘ ચ છ જ ઝ ટ ઠ ડ ઢ ણ ત થ દ ધ ન પ ફ બ ભ મ ય ર લ વ શ સ હ અ આ ઇ ઈ ઉ ઊ એ ઐ ઓ ઔ ક ખ ગ ઘ ચ છ જ ઝ ટ ઠ ડ ઢ ણ ત થ દ ધ ન પ ફ બ ભ મ ય ર લ વ શ સ હ અ આ ઇ ઈ ઉ ઊ એ ઐ ઓ ઔ ક ખ ગ ઘ ચ છ જ ઝ ટ ઠ ડ ઢ ણ ત થ દ ધ ન પ ફ બ ભ મ ય ર લ વ શ સ હ અ આ ઇ ઈ ઉ ઊ એ ઐ ઓ ઔ ક ખ ગ ઘ ચ છ જ ઝ ટ ઠ ડ ઢ ણ ત થ દ ધ ન પ ફ બ ભ મ ય ર લ વ શ સ હ અ આ ઇ ઈ ઉ ઊ એ ઐ ઓ ઔ ક ખ ગ ઘ ચ છ જ ઝ ટ ઠ ડ ઢ ણ ત થ દ ધ ન પ ફ બ ભ મ ય ર લ વ શ સ હ અ આ ઇ ઈ ઉ ઊ એ ઐ ઓ ઔ ક ખ ગ ઘ ચ છ જ ઝ ટ ઠ ડ ઢ ણ ત થ દ ધ ન પ ફ બ ભ મ ય ર લ વ શ સ હ અ આ ઇ ઈ ઉ ઊ એ ઐ ઓ ઔ ક ખ ગ ઘ ચ છ જ ઝ ટ ઠ ડ ઢ ણ ત થ દ ધ ન પ ફ બ ભ મ ય ર લ વ શ સ હ અ આ ઇ ઈ ઉ ઊ એ ઐ ઓ ઔ ક ખ ગ ઘ ચ છ જ ઝ ટ ઠ ડ ઢ ણ ત થ દ ધ ન પ ફ બ ભ મ ય ર લ વ શ સ હ અ આ ઇ ઈ ઉ ઊ એ ઐ ઓ ઔ ક ખ ગ ઘ ચ છ જ ઝ ટ ઠ ડ ઢ ણ ત થ દ ધ ન પ ફ બ ભ મ ય ર લ વ શ સ હ અ આ ઇ ઈ ઉ ઊ એ ઐ ઓ ઔ ક ખ ગ ઘ ચ છ જ ઝ ટ ઠ ડ ઢ ણ
લેન્ડસેસ ડિસઇન્ફેક્ટ ફક્ત ૬૦ સેકંડમાં જ કોરોનાવાયરસ SARS-Cov-2 ને મારી નાંખે છે
સુરત : ડિસઇન્ફેક્ટન્ટ ફક્ત ૬૦ સેકંડમાં કોરોનાવાયરસને નષ્ટ કરે છે તેવું સંશોધનમાં જણાયું હતું. અ આ ઇ ઈ ઉ ઊ એ ઐ ઓ ઔ ક ખ ગ ઘ ચ છ જ ઝ ટ ઠ ડ ઢ ણ ત થ દ ધ ન પ ફ બ ભ મ ય ર લ વ શ સ હ અ આ ઇ ઈ ઉ ઊ એ ઐ ઓ ઔ ક ખ ગ ઘ ચ છ જ ઝ ટ ઠ ડ ઢ ણ ત થ દ ધ ન પ ફ બ ભ મ ય ર લ વ શ સ હ અ આ ઇ ઈ ઉ ઊ એ ઐ ઓ ઔ ક ખ ગ ઘ ચ છ જ ઝ ટ ઠ ડ ઢ ણ ત થ દ ધ ન પ ફ બ ભ મ ય ર લ વ શ સ હ અ આ ઇ ઈ ઉ ઊ એ ઐ ઓ ઔ ક ખ ગ ઘ ચ છ જ ઝ ટ ઠ ડ ઢ ણ ત થ દ ધ ન પ ફ બ ભ મ ય ર લ વ શ સ હ અ આ ઇ ઈ ઉ ઊ એ ઐ ઓ ઔ ક ખ ગ ઘ ચ છ જ ઝ ટ ઠ ડ ઢ ણ ત થ દ ધ ન પ ફ બ ભ મ ય ર લ વ શ સ હ અ આ ઇ ઈ ઉ ઊ એ ઐ ઓ ઔ ક ખ ગ ઘ ચ છ જ ઝ ટ ઠ ડ ઢ ણ ત થ દ ધ ન પ ફ બ ભ મ ય ર લ વ શ સ હ અ આ ઇ ઈ ઉ ઊ એ ઐ ઓ ઔ ક ખ ગ ઘ ચ છ જ ઝ ટ ઠ ડ ઢ ણ ત થ દ ધ ન પ ફ બ ભ મ ય ર લ વ શ સ હ અ આ ઇ ઈ ઉ ઊ એ ઐ ઓ ઔ ક ખ ગ ઘ ચ છ જ ઝ ટ ઠ ડ ઢ ણ ત થ દ ધ ન પ ફ બ ભ મ ય ર લ વ શ સ હ અ આ ઇ ઈ ઉ ઊ એ ઐ ઓ ઔ ક ખ ગ ઘ ચ છ જ ઝ ટ ઠ ડ ઢ ણ ત થ દ ધ ન પ ફ બ ભ મ ય ર લ વ શ સ હ અ આ ઇ ઈ ઉ ઊ એ ઐ ઓ ઔ ક ખ ગ ઘ ચ છ જ ઝ ટ ઠ ડ ઢ ણ ત થ દ ધ ન પ ફ બ ભ મ ય ર લ વ શ સ હ અ આ ઇ ઈ ઉ ઊ એ ઐ ઓ ઔ ક ખ ગ ઘ ચ છ જ ઝ ટ ઠ ડ ઢ ણ ત થ દ ધ ન પ ફ બ ભ મ ય ર લ વ શ સ હ અ આ ઇ ઈ ઉ ઊ એ ઐ ઓ ઔ ક ખ ગ ઘ ચ છ જ ઝ ટ ઠ ડ ઢ ણ ત થ દ ધ ન પ ફ બ ભ મ ય ર લ વ શ સ હ અ આ ઇ ઈ ઉ ઊ એ ઐ ઓ ઔ ક ખ ગ ઘ ચ છ જ ઝ ટ ઠ ડ ઢ ણ ત થ દ ધ ન પ ફ બ ભ મ ય ર લ વ શ સ હ અ આ ઇ ઈ ઉ ઊ એ ઐ ઓ ઔ ક ખ ગ ઘ ચ છ જ ઝ ટ ઠ ડ ઢ ણ ત થ દ ધ ન પ ફ બ ભ મ ય ર લ વ શ સ હ અ આ ઇ ઈ ઉ ઊ એ ઐ ઓ ઔ ક ખ ગ ઘ ચ છ જ ઝ ટ ઠ ડ ઢ ણ ત થ દ ધ ન પ ફ બ ભ મ ય ર લ વ શ સ હ અ આ ઇ ઈ ઉ ઊ એ ઐ ઓ ઔ ક ખ ગ ઘ ચ છ જ ઝ ટ ઠ ડ ઢ ણ ત થ દ ધ ન પ ફ બ ભ મ ય ર લ વ શ સ હ અ આ ઇ ઈ ઉ ઊ એ ઐ ઓ ઔ ક ખ ગ ઘ ચ છ જ ઝ ટ ઠ ડ ઢ ણ ત થ દ ધ ન પ ફ બ ભ મ ય ર લ વ શ સ
અ આ ઇ ઈ ઉ ઊ એ ઐ ઓ ઔ ક ખ ગ ઘ ચ છ જ ઝ ટ ઠ ડ ઢ ણ ત થ દ ધ ન પ ફ બ ભ મ ય ર લ વ શ સ હ અ આ ઇ ઈ ઉ ઊ એ ઐ ઓ ઔ ક ખ ગ ઘ ચ છ જ ઝ ટ ઠ ડ ઢ ણ ત થ દ ધ ન પ ફ બ ભ મ ય ર લ વ શ સ હ અ આ ઇ ઈ ઉ ઊ એ ઐ ઓ ઔ ક ખ ગ ઘ ચ છ જ ઝ ટ ઠ ડ ઢ ણ ત થ દ ધ ન પ ફ બ ભ મ ય ર લ વ શ સ હ અ આ ઇ ઈ ઉ ઊ એ ઐ ઓ ઔ ક ખ ગ ઘ ચ છ જ ઝ ટ ઠ ડ ઢ ણ ત થ દ ધ ન પ ફ બ ભ મ ય ર લ વ શ સ હ અ આ ઇ ઈ ઉ ઊ એ
All Kinds of Solvent Print
"Where You Can Find TRUST"
3+
AGENCY
Flex Banner | Vinyl Sticker
Back Light Print | Hoardings
KAMAL KADEL
80005 87252
3+
AGENCY
3 PLUS AGENCY
B.123 1st Floor " Monarch "
Gaurav Path Road PAL Surat.
Email : 3plusagency@gmail.com	All Type of Printing & Designing Solution
Owner, Printer, Publisher & Editor : Mr. Kamal P. Kadel, Published from : ZHUMBESH (Weekly) 401, Mangalam Appartment, Shetranjiwad, Begampura, Surat - 395 003.
Printer By Rajan Offset, Udhna Udhyog Nagar Sangh, Udhna, Surat. Mob. : 8000587252 (Subject to Surat Jurisdiction)
